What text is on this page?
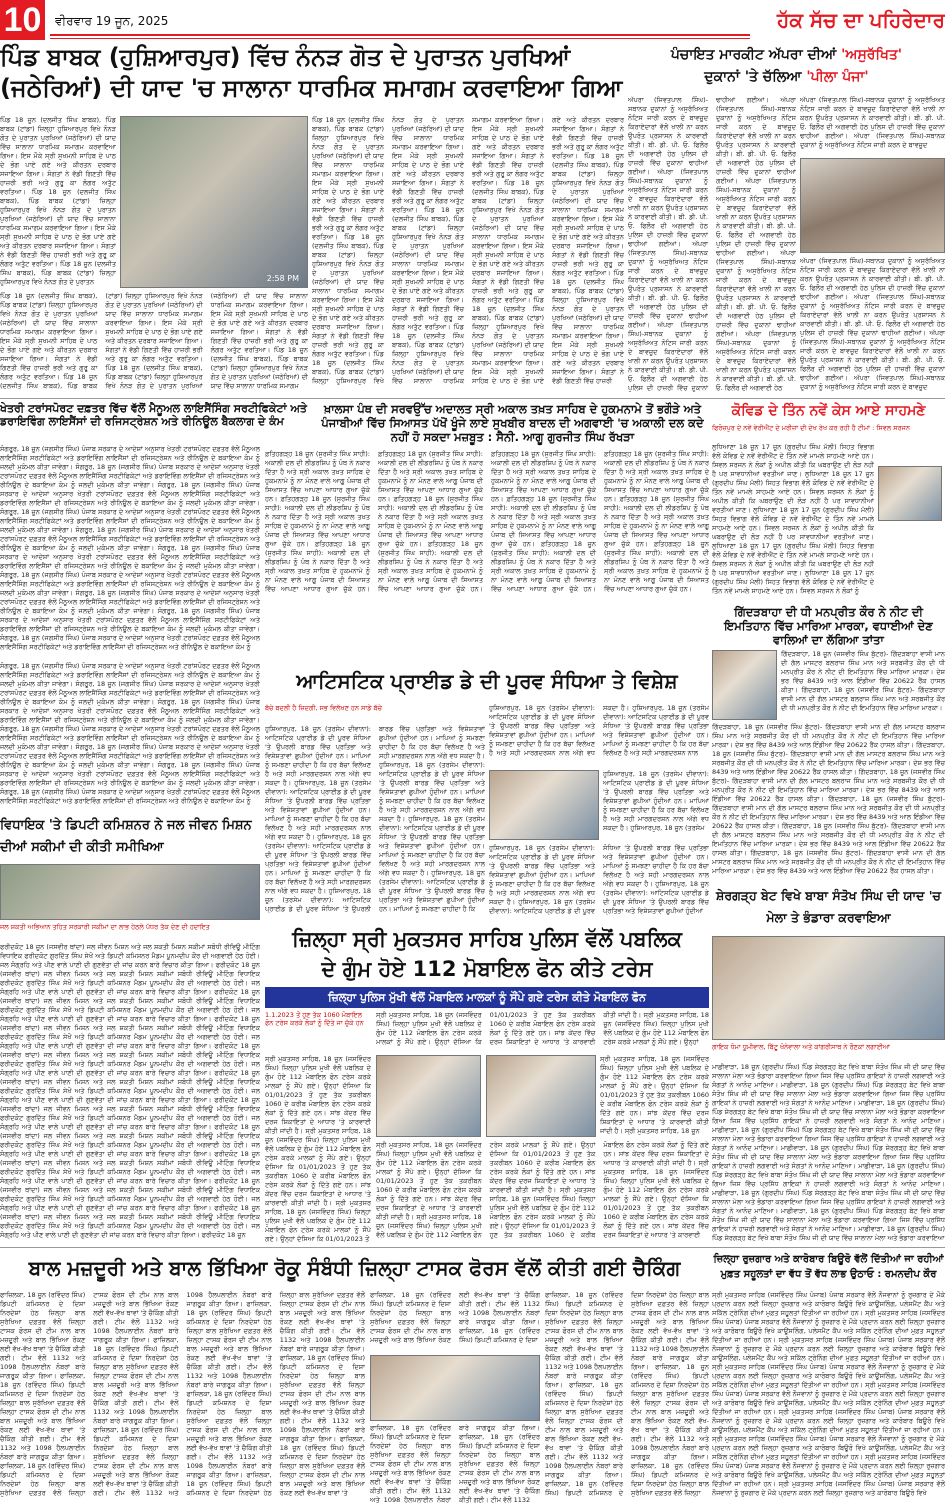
10 ਵੀਰਵਾਰ 19 ਜੂਨ, 2025	ਹੱਕ ਸੱਚ ਦਾ ਪਹਿਰੇਦਾਰ
ਪਿੰਡ ਬਾਬਕ (ਹੁਸ਼ਿਆਰਪੁਰ) ਵਿੱਚ ਨੰਨੜ ਗੋਤ ਦੇ ਪੁਰਾਤਨ ਪੁਰਖਿਆਂ (ਜਠੇਰਿਆਂ) ਦੀ ਯਾਦ 'ਚ ਸਾਲਾਨਾ ਧਾਰਮਿਕ ਸਮਾਗਮ ਕਰਵਾਇਆ ਗਿਆ
ਪਿੰਡ 18 ਜੂਨ (ਦਲਜੀਤ ਸਿੰਘ ਬਾਬਕ), ਪਿੰਡ ਬਾਬਕ (ਟਾਂਡਾ) ਜ਼ਿਲ੍ਹਾ ਹੁਸ਼ਿਆਰਪੁਰ ਵਿਖੇ ਨੰਨੜ ਗੋਤ ਦੇ ਪੁਰਾਤਨ ਪੁਰਖਿਆਂ (ਜਠੇਰਿਆਂ) ਦੀ ਯਾਦ ਵਿੱਚ ਸਾਲਾਨਾ ਧਾਰਮਿਕ ਸਮਾਗਮ ਕਰਵਾਇਆ ਗਿਆ। ਇਸ ਮੌਕੇ ਸ੍ਰੀ ਸੁਖਮਨੀ ਸਾਹਿਬ ਦੇ ਪਾਠ ਦੇ ਭੋਗ ਪਾਏ ਗਏ ਅਤੇ ਕੀਰਤਨ ਦਰਬਾਰ ਸਜਾਇਆ ਗਿਆ। ਸੰਗਤਾਂ ਨੇ ਵੱਡੀ ਗਿਣਤੀ ਵਿੱਚ ਹਾਜ਼ਰੀ ਭਰੀ ਅਤੇ ਗੁਰੂ ਕਾ ਲੰਗਰ ਅਤੁੱਟ ਵਰਤਿਆ। ਪਿੰਡ 18 ਜੂਨ (ਦਲਜੀਤ ਸਿੰਘ ਬਾਬਕ), ਪਿੰਡ ਬਾਬਕ (ਟਾਂਡਾ) ਜ਼ਿਲ੍ਹਾ ਹੁਸ਼ਿਆਰਪੁਰ ਵਿਖੇ ਨੰਨੜ ਗੋਤ ਦੇ ਪੁਰਾਤਨ ਪੁਰਖਿਆਂ (ਜਠੇਰਿਆਂ) ਦੀ ਯਾਦ ਵਿੱਚ ਸਾਲਾਨਾ ਧਾਰਮਿਕ ਸਮਾਗਮ ਕਰਵਾਇਆ ਗਿਆ। ਇਸ ਮੌਕੇ ਸ੍ਰੀ ਸੁਖਮਨੀ ਸਾਹਿਬ ਦੇ ਪਾਠ ਦੇ ਭੋਗ ਪਾਏ ਗਏ ਅਤੇ ਕੀਰਤਨ ਦਰਬਾਰ ਸਜਾਇਆ ਗਿਆ। ਸੰਗਤਾਂ ਨੇ ਵੱਡੀ ਗਿਣਤੀ ਵਿੱਚ ਹਾਜ਼ਰੀ ਭਰੀ ਅਤੇ ਗੁਰੂ ਕਾ ਲੰਗਰ ਅਤੁੱਟ ਵਰਤਿਆ। ਪਿੰਡ 18 ਜੂਨ (ਦਲਜੀਤ ਸਿੰਘ ਬਾਬਕ), ਪਿੰਡ ਬਾਬਕ (ਟਾਂਡਾ) ਜ਼ਿਲ੍ਹਾ ਹੁਸ਼ਿਆਰਪੁਰ ਵਿਖੇ ਨੰਨੜ ਗੋਤ ਦੇ ਪੁਰਾਤਨ	2:58 PM
ਪਿੰਡ 18 ਜੂਨ (ਦਲਜੀਤ ਸਿੰਘ ਬਾਬਕ), ਪਿੰਡ ਬਾਬਕ (ਟਾਂਡਾ) ਜ਼ਿਲ੍ਹਾ ਹੁਸ਼ਿਆਰਪੁਰ ਵਿਖੇ ਨੰਨੜ ਗੋਤ ਦੇ ਪੁਰਾਤਨ ਪੁਰਖਿਆਂ (ਜਠੇਰਿਆਂ) ਦੀ ਯਾਦ ਵਿੱਚ ਸਾਲਾਨਾ ਧਾਰਮਿਕ ਸਮਾਗਮ ਕਰਵਾਇਆ ਗਿਆ। ਇਸ ਮੌਕੇ ਸ੍ਰੀ ਸੁਖਮਨੀ ਸਾਹਿਬ ਦੇ ਪਾਠ ਦੇ ਭੋਗ ਪਾਏ ਗਏ ਅਤੇ ਕੀਰਤਨ ਦਰਬਾਰ ਸਜਾਇਆ ਗਿਆ। ਸੰਗਤਾਂ ਨੇ ਵੱਡੀ ਗਿਣਤੀ ਵਿੱਚ ਹਾਜ਼ਰੀ ਭਰੀ ਅਤੇ ਗੁਰੂ ਕਾ ਲੰਗਰ ਅਤੁੱਟ ਵਰਤਿਆ। ਪਿੰਡ 18 ਜੂਨ (ਦਲਜੀਤ ਸਿੰਘ ਬਾਬਕ), ਪਿੰਡ ਬਾਬਕ (ਟਾਂਡਾ) ਜ਼ਿਲ੍ਹਾ ਹੁਸ਼ਿਆਰਪੁਰ ਵਿਖੇ ਨੰਨੜ ਗੋਤ ਦੇ ਪੁਰਾਤਨ ਪੁਰਖਿਆਂ (ਜਠੇਰਿਆਂ) ਦੀ ਯਾਦ ਵਿੱਚ ਸਾਲਾਨਾ ਧਾਰਮਿਕ ਸਮਾਗਮ ਕਰਵਾਇਆ ਗਿਆ। ਇਸ ਮੌਕੇ ਸ੍ਰੀ ਸੁਖਮਨੀ ਸਾਹਿਬ ਦੇ ਪਾਠ ਦੇ ਭੋਗ ਪਾਏ ਗਏ ਅਤੇ ਕੀਰਤਨ ਦਰਬਾਰ ਸਜਾਇਆ ਗਿਆ। ਸੰਗਤਾਂ ਨੇ ਵੱਡੀ ਗਿਣਤੀ ਵਿੱਚ ਹਾਜ਼ਰੀ ਭਰੀ ਅਤੇ ਗੁਰੂ ਕਾ ਲੰਗਰ ਅਤੁੱਟ ਵਰਤਿਆ। ਪਿੰਡ 18 ਜੂਨ (ਦਲਜੀਤ ਸਿੰਘ ਬਾਬਕ), ਪਿੰਡ ਬਾਬਕ (ਟਾਂਡਾ) ਜ਼ਿਲ੍ਹਾ ਹੁਸ਼ਿਆਰਪੁਰ ਵਿਖੇ ਨੰਨੜ ਗੋਤ ਦੇ ਪੁਰਾਤਨ ਪੁਰਖਿਆਂ (ਜਠੇਰਿਆਂ) ਦੀ ਯਾਦ ਵਿੱਚ ਸਾਲਾਨਾ ਧਾਰਮਿਕ ਸਮਾਗਮ ਕਰਵਾਇਆ ਗਿਆ। ਇਸ ਮੌਕੇ ਸ੍ਰੀ ਸੁਖਮਨੀ ਸਾਹਿਬ ਦੇ ਪਾਠ ਦੇ ਭੋਗ ਪਾਏ ਗਏ ਅਤੇ ਕੀਰਤਨ ਦਰਬਾਰ ਸਜਾਇਆ ਗਿਆ। ਸੰਗਤਾਂ ਨੇ ਵੱਡੀ ਗਿਣਤੀ ਵਿੱਚ ਹਾਜ਼ਰੀ ਭਰੀ ਅਤੇ ਗੁਰੂ ਕਾ ਲੰਗਰ ਅਤੁੱਟ ਵਰਤਿਆ। ਪਿੰਡ 18 ਜੂਨ (ਦਲਜੀਤ ਸਿੰਘ ਬਾਬਕ), ਪਿੰਡ ਬਾਬਕ (ਟਾਂਡਾ) ਜ਼ਿਲ੍ਹਾ ਹੁਸ਼ਿਆਰਪੁਰ ਵਿਖੇ ਨੰਨੜ ਗੋਤ ਦੇ ਪੁਰਾਤਨ ਪੁਰਖਿਆਂ (ਜਠੇਰਿਆਂ) ਦੀ ਯਾਦ ਵਿੱਚ ਸਾਲਾਨਾ ਧਾਰਮਿਕ ਸਮਾਗਮ ਕਰਵਾਇਆ ਗਿਆ। ਇਸ ਮੌਕੇ ਸ੍ਰੀ ਸੁਖਮਨੀ ਸਾਹਿਬ ਦੇ ਪਾਠ ਦੇ ਭੋਗ ਪਾਏ ਗਏ ਅਤੇ ਕੀਰਤਨ ਦਰਬਾਰ ਸਜਾਇਆ ਗਿਆ। ਸੰਗਤਾਂ ਨੇ ਵੱਡੀ ਗਿਣਤੀ ਵਿੱਚ ਹਾਜ਼ਰੀ ਭਰੀ ਅਤੇ ਗੁਰੂ ਕਾ ਲੰਗਰ ਅਤੁੱਟ ਵਰਤਿਆ। ਪਿੰਡ 18 ਜੂਨ (ਦਲਜੀਤ ਸਿੰਘ ਬਾਬਕ), ਪਿੰਡ ਬਾਬਕ (ਟਾਂਡਾ) ਜ਼ਿਲ੍ਹਾ ਹੁਸ਼ਿਆਰਪੁਰ ਵਿਖੇ ਨੰਨੜ ਗੋਤ ਦੇ ਪੁਰਾਤਨ ਪੁਰਖਿਆਂ (ਜਠੇਰਿਆਂ) ਦੀ ਯਾਦ ਵਿੱਚ ਸਾਲਾਨਾ ਧਾਰਮਿਕ ਸਮਾਗਮ ਕਰਵਾਇਆ ਗਿਆ। ਇਸ ਮੌਕੇ ਸ੍ਰੀ ਸੁਖਮਨੀ ਸਾਹਿਬ ਦੇ ਪਾਠ ਦੇ ਭੋਗ ਪਾਏ ਗਏ ਅਤੇ ਕੀਰਤਨ ਦਰਬਾਰ ਸਜਾਇਆ ਗਿਆ। ਸੰਗਤਾਂ ਨੇ ਵੱਡੀ ਗਿਣਤੀ ਵਿੱਚ ਹਾਜ਼ਰੀ ਭਰੀ ਅਤੇ ਗੁਰੂ ਕਾ ਲੰਗਰ ਅਤੁੱਟ ਵਰਤਿਆ। ਪਿੰਡ 18 ਜੂਨ (ਦਲਜੀਤ ਸਿੰਘ ਬਾਬਕ), ਪਿੰਡ ਬਾਬਕ (ਟਾਂਡਾ) ਜ਼ਿਲ੍ਹਾ ਹੁਸ਼ਿਆਰਪੁਰ ਵਿਖੇ ਨੰਨੜ ਗੋਤ ਦੇ ਪੁਰਾਤਨ ਪੁਰਖਿਆਂ (ਜਠੇਰਿਆਂ) ਦੀ ਯਾਦ ਵਿੱਚ ਸਾਲਾਨਾ ਧਾਰਮਿਕ ਸਮਾਗਮ ਕਰਵਾਇਆ ਗਿਆ। ਇਸ ਮੌਕੇ ਸ੍ਰੀ ਸੁਖਮਨੀ ਸਾਹਿਬ ਦੇ ਪਾਠ ਦੇ ਭੋਗ ਪਾਏ ਗਏ ਅਤੇ ਕੀਰਤਨ ਦਰਬਾਰ ਸਜਾਇਆ ਗਿਆ। ਸੰਗਤਾਂ ਨੇ ਵੱਡੀ ਗਿਣਤੀ ਵਿੱਚ ਹਾਜ਼ਰੀ ਭਰੀ ਅਤੇ ਗੁਰੂ ਕਾ ਲੰਗਰ ਅਤੁੱਟ ਵਰਤਿਆ। ਪਿੰਡ 18 ਜੂਨ (ਦਲਜੀਤ ਸਿੰਘ ਬਾਬਕ), ਪਿੰਡ ਬਾਬਕ (ਟਾਂਡਾ) ਜ਼ਿਲ੍ਹਾ ਹੁਸ਼ਿਆਰਪੁਰ ਵਿਖੇ ਨੰਨੜ ਗੋਤ ਦੇ ਪੁਰਾਤਨ ਪੁਰਖਿਆਂ (ਜਠੇਰਿਆਂ) ਦੀ ਯਾਦ ਵਿੱਚ ਸਾਲਾਨਾ ਧਾਰਮਿਕ ਸਮਾਗਮ ਕਰਵਾਇਆ ਗਿਆ। ਇਸ ਮੌਕੇ ਸ੍ਰੀ ਸੁਖਮਨੀ ਸਾਹਿਬ ਦੇ ਪਾਠ ਦੇ ਭੋਗ ਪਾਏ ਗਏ ਅਤੇ ਕੀਰਤਨ ਦਰਬਾਰ ਸਜਾਇਆ ਗਿਆ। ਸੰਗਤਾਂ ਨੇ ਵੱਡੀ ਗਿਣਤੀ ਵਿੱਚ ਹਾਜ਼ਰੀ ਭਰੀ ਅਤੇ ਗੁਰੂ ਕਾ ਲੰਗਰ ਅਤੁੱਟ ਵਰਤਿਆ। ਪਿੰਡ 18 ਜੂਨ (ਦਲਜੀਤ ਸਿੰਘ ਬਾਬਕ), ਪਿੰਡ ਬਾਬਕ (ਟਾਂਡਾ) ਜ਼ਿਲ੍ਹਾ ਹੁਸ਼ਿਆਰਪੁਰ ਵਿਖੇ ਨੰਨੜ ਗੋਤ ਦੇ ਪੁਰਾਤਨ ਪੁਰਖਿਆਂ (ਜਠੇਰਿਆਂ) ਦੀ ਯਾਦ ਵਿੱਚ ਸਾਲਾਨਾ ਧਾਰਮਿਕ ਸਮਾਗਮ ਕਰਵਾਇਆ ਗਿਆ। ਇਸ ਮੌਕੇ ਸ੍ਰੀ ਸੁਖਮਨੀ ਸਾਹਿਬ ਦੇ ਪਾਠ ਦੇ ਭੋਗ ਪਾਏ ਗਏ ਅਤੇ ਕੀਰਤਨ ਦਰਬਾਰ ਸਜਾਇਆ ਗਿਆ। ਸੰਗਤਾਂ ਨੇ ਵੱਡੀ ਗਿਣਤੀ ਵਿੱਚ ਹਾਜ਼ਰੀ ਭਰੀ ਅਤੇ ਗੁਰੂ ਕਾ ਲੰਗਰ ਅਤੁੱਟ ਵਰਤਿਆ। ਪਿੰਡ 18 ਜੂਨ (ਦਲਜੀਤ ਸਿੰਘ ਬਾਬਕ), ਪਿੰਡ ਬਾਬਕ (ਟਾਂਡਾ) ਜ਼ਿਲ੍ਹਾ ਹੁਸ਼ਿਆਰਪੁਰ ਵਿਖੇ ਨੰਨੜ ਗੋਤ ਦੇ ਪੁਰਾਤਨ ਪੁਰਖਿਆਂ (ਜਠੇਰਿਆਂ) ਦੀ ਯਾਦ ਵਿੱਚ ਸਾਲਾਨਾ ਧਾਰਮਿਕ ਸਮਾਗਮ ਕਰਵਾਇਆ ਗਿਆ। ਇਸ ਮੌਕੇ ਸ੍ਰੀ ਸੁਖਮਨੀ ਸਾਹਿਬ ਦੇ ਪਾਠ ਦੇ ਭੋਗ ਪਾਏ ਗਏ ਅਤੇ ਕੀਰਤਨ ਦਰਬਾਰ ਸਜਾਇਆ ਗਿਆ। ਸੰਗਤਾਂ ਨੇ ਵੱਡੀ ਗਿਣਤੀ ਵਿੱਚ ਹਾਜ਼ਰੀ
ਪਿੰਡ 18 ਜੂਨ (ਦਲਜੀਤ ਸਿੰਘ ਬਾਬਕ), ਪਿੰਡ ਬਾਬਕ (ਟਾਂਡਾ) ਜ਼ਿਲ੍ਹਾ ਹੁਸ਼ਿਆਰਪੁਰ ਵਿਖੇ ਨੰਨੜ ਗੋਤ ਦੇ ਪੁਰਾਤਨ ਪੁਰਖਿਆਂ (ਜਠੇਰਿਆਂ) ਦੀ ਯਾਦ ਵਿੱਚ ਸਾਲਾਨਾ ਧਾਰਮਿਕ ਸਮਾਗਮ ਕਰਵਾਇਆ ਗਿਆ। ਇਸ ਮੌਕੇ ਸ੍ਰੀ ਸੁਖਮਨੀ ਸਾਹਿਬ ਦੇ ਪਾਠ ਦੇ ਭੋਗ ਪਾਏ ਗਏ ਅਤੇ ਕੀਰਤਨ ਦਰਬਾਰ ਸਜਾਇਆ ਗਿਆ। ਸੰਗਤਾਂ ਨੇ ਵੱਡੀ ਗਿਣਤੀ ਵਿੱਚ ਹਾਜ਼ਰੀ ਭਰੀ ਅਤੇ ਗੁਰੂ ਕਾ ਲੰਗਰ ਅਤੁੱਟ ਵਰਤਿਆ। ਪਿੰਡ 18 ਜੂਨ (ਦਲਜੀਤ ਸਿੰਘ ਬਾਬਕ), ਪਿੰਡ ਬਾਬਕ (ਟਾਂਡਾ) ਜ਼ਿਲ੍ਹਾ ਹੁਸ਼ਿਆਰਪੁਰ ਵਿਖੇ ਨੰਨੜ ਗੋਤ ਦੇ ਪੁਰਾਤਨ ਪੁਰਖਿਆਂ (ਜਠੇਰਿਆਂ) ਦੀ ਯਾਦ ਵਿੱਚ ਸਾਲਾਨਾ ਧਾਰਮਿਕ ਸਮਾਗਮ ਕਰਵਾਇਆ ਗਿਆ। ਇਸ ਮੌਕੇ ਸ੍ਰੀ ਸੁਖਮਨੀ ਸਾਹਿਬ ਦੇ ਪਾਠ ਦੇ ਭੋਗ ਪਾਏ ਗਏ ਅਤੇ ਕੀਰਤਨ ਦਰਬਾਰ ਸਜਾਇਆ ਗਿਆ। ਸੰਗਤਾਂ ਨੇ ਵੱਡੀ ਗਿਣਤੀ ਵਿੱਚ ਹਾਜ਼ਰੀ ਭਰੀ ਅਤੇ ਗੁਰੂ ਕਾ ਲੰਗਰ ਅਤੁੱਟ ਵਰਤਿਆ। ਪਿੰਡ 18 ਜੂਨ (ਦਲਜੀਤ ਸਿੰਘ ਬਾਬਕ), ਪਿੰਡ ਬਾਬਕ (ਟਾਂਡਾ) ਜ਼ਿਲ੍ਹਾ ਹੁਸ਼ਿਆਰਪੁਰ ਵਿਖੇ ਨੰਨੜ ਗੋਤ ਦੇ ਪੁਰਾਤਨ ਪੁਰਖਿਆਂ (ਜਠੇਰਿਆਂ) ਦੀ ਯਾਦ ਵਿੱਚ ਸਾਲਾਨਾ ਧਾਰਮਿਕ ਸਮਾਗਮ ਕਰਵਾਇਆ ਗਿਆ। ਇਸ ਮੌਕੇ ਸ੍ਰੀ ਸੁਖਮਨੀ ਸਾਹਿਬ ਦੇ ਪਾਠ ਦੇ ਭੋਗ ਪਾਏ ਗਏ ਅਤੇ ਕੀਰਤਨ ਦਰਬਾਰ ਸਜਾਇਆ ਗਿਆ। ਸੰਗਤਾਂ ਨੇ ਵੱਡੀ ਗਿਣਤੀ ਵਿੱਚ ਹਾਜ਼ਰੀ ਭਰੀ ਅਤੇ ਗੁਰੂ ਕਾ ਲੰਗਰ ਅਤੁੱਟ ਵਰਤਿਆ। ਪਿੰਡ 18 ਜੂਨ (ਦਲਜੀਤ ਸਿੰਘ ਬਾਬਕ), ਪਿੰਡ ਬਾਬਕ (ਟਾਂਡਾ) ਜ਼ਿਲ੍ਹਾ ਹੁਸ਼ਿਆਰਪੁਰ ਵਿਖੇ ਨੰਨੜ ਗੋਤ ਦੇ ਪੁਰਾਤਨ ਪੁਰਖਿਆਂ (ਜਠੇਰਿਆਂ) ਦੀ ਯਾਦ ਵਿੱਚ ਸਾਲਾਨਾ ਧਾਰਮਿਕ ਸਮਾਗਮ
ਪੰਚਾਇਤ ਮਾਰਕੀਟ ਅੱਪਰਾ ਦੀਆਂ 'ਅਸੁਰੱਖਿਤ'
ਦੁਕਾਨਾਂ 'ਤੇ ਚੱਲਿਆ 'ਪੀਲਾ ਪੰਜਾ'
ਅੱਪਰਾ (ਜਿਵਤਪਾਲ ਸਿੰਘ)-ਸਥਾਨਕ ਦੁਕਾਨਾਂ ਨੂੰ ਅਸੁਰੱਖਿਅਤ ਨੋਟਿਸ ਜਾਰੀ ਕਰਨ ਦੇ ਬਾਵਜੂਦ ਕਿਰਾਏਦਾਰਾਂ ਵੱਲੋਂ ਖਾਲੀ ਨਾ ਕਰਨ ਉਪਰੰਤ ਪ੍ਰਸ਼ਾਸਨ ਨੇ ਕਾਰਵਾਈ ਕੀਤੀ। ਬੀ. ਡੀ. ਪੀ. ਓ. ਫਿਲੌਰ ਦੀ ਅਗਵਾਈ ਹੇਠ ਪੁਲਿਸ ਦੀ ਹਾਜ਼ਰੀ ਵਿੱਚ ਦੁਕਾਨਾਂ ਢਾਹੀਆਂ ਗਈਆਂ। ਅੱਪਰਾ (ਜਿਵਤਪਾਲ ਸਿੰਘ)-ਸਥਾਨਕ ਦੁਕਾਨਾਂ ਨੂੰ ਅਸੁਰੱਖਿਅਤ ਨੋਟਿਸ ਜਾਰੀ ਕਰਨ ਦੇ ਬਾਵਜੂਦ ਕਿਰਾਏਦਾਰਾਂ ਵੱਲੋਂ ਖਾਲੀ ਨਾ ਕਰਨ ਉਪਰੰਤ ਪ੍ਰਸ਼ਾਸਨ ਨੇ ਕਾਰਵਾਈ ਕੀਤੀ। ਬੀ. ਡੀ. ਪੀ. ਓ. ਫਿਲੌਰ ਦੀ ਅਗਵਾਈ ਹੇਠ ਪੁਲਿਸ ਦੀ ਹਾਜ਼ਰੀ ਵਿੱਚ ਦੁਕਾਨਾਂ ਢਾਹੀਆਂ ਗਈਆਂ। ਅੱਪਰਾ (ਜਿਵਤਪਾਲ ਸਿੰਘ)-ਸਥਾਨਕ ਦੁਕਾਨਾਂ ਨੂੰ ਅਸੁਰੱਖਿਅਤ ਨੋਟਿਸ ਜਾਰੀ ਕਰਨ ਦੇ ਬਾਵਜੂਦ ਕਿਰਾਏਦਾਰਾਂ ਵੱਲੋਂ ਖਾਲੀ ਨਾ ਕਰਨ ਉਪਰੰਤ ਪ੍ਰਸ਼ਾਸਨ ਨੇ ਕਾਰਵਾਈ ਕੀਤੀ। ਬੀ. ਡੀ. ਪੀ. ਓ. ਫਿਲੌਰ ਦੀ ਅਗਵਾਈ ਹੇਠ ਪੁਲਿਸ ਦੀ ਹਾਜ਼ਰੀ ਵਿੱਚ ਦੁਕਾਨਾਂ ਢਾਹੀਆਂ ਗਈਆਂ। ਅੱਪਰਾ (ਜਿਵਤਪਾਲ ਸਿੰਘ)-ਸਥਾਨਕ ਦੁਕਾਨਾਂ ਨੂੰ ਅਸੁਰੱਖਿਅਤ ਨੋਟਿਸ ਜਾਰੀ ਕਰਨ ਦੇ ਬਾਵਜੂਦ ਕਿਰਾਏਦਾਰਾਂ ਵੱਲੋਂ ਖਾਲੀ ਨਾ ਕਰਨ ਉਪਰੰਤ ਪ੍ਰਸ਼ਾਸਨ ਨੇ ਕਾਰਵਾਈ ਕੀਤੀ। ਬੀ. ਡੀ. ਪੀ. ਓ. ਫਿਲੌਰ ਦੀ ਅਗਵਾਈ ਹੇਠ ਪੁਲਿਸ ਦੀ ਹਾਜ਼ਰੀ ਵਿੱਚ ਦੁਕਾਨਾਂ ਢਾਹੀਆਂ ਗਈਆਂ। ਅੱਪਰਾ (ਜਿਵਤਪਾਲ ਸਿੰਘ)-ਸਥਾਨਕ ਦੁਕਾਨਾਂ ਨੂੰ ਅਸੁਰੱਖਿਅਤ ਨੋਟਿਸ ਜਾਰੀ ਕਰਨ ਦੇ ਬਾਵਜੂਦ ਕਿਰਾਏਦਾਰਾਂ ਵੱਲੋਂ ਖਾਲੀ ਨਾ ਕਰਨ ਉਪਰੰਤ ਪ੍ਰਸ਼ਾਸਨ ਨੇ ਕਾਰਵਾਈ ਕੀਤੀ। ਬੀ. ਡੀ. ਪੀ. ਓ. ਫਿਲੌਰ ਦੀ ਅਗਵਾਈ ਹੇਠ ਪੁਲਿਸ ਦੀ ਹਾਜ਼ਰੀ ਵਿੱਚ ਦੁਕਾਨਾਂ ਢਾਹੀਆਂ ਗਈਆਂ। ਅੱਪਰਾ (ਜਿਵਤਪਾਲ ਸਿੰਘ)-ਸਥਾਨਕ ਦੁਕਾਨਾਂ ਨੂੰ ਅਸੁਰੱਖਿਅਤ ਨੋਟਿਸ ਜਾਰੀ ਕਰਨ ਦੇ ਬਾਵਜੂਦ ਕਿਰਾਏਦਾਰਾਂ ਵੱਲੋਂ ਖਾਲੀ ਨਾ ਕਰਨ ਉਪਰੰਤ ਪ੍ਰਸ਼ਾਸਨ ਨੇ ਕਾਰਵਾਈ ਕੀਤੀ। ਬੀ. ਡੀ. ਪੀ. ਓ. ਫਿਲੌਰ ਦੀ ਅਗਵਾਈ ਹੇਠ ਪੁਲਿਸ ਦੀ ਹਾਜ਼ਰੀ ਵਿੱਚ ਦੁਕਾਨਾਂ ਢਾਹੀਆਂ ਗਈਆਂ। ਅੱਪਰਾ (ਜਿਵਤਪਾਲ ਸਿੰਘ)-ਸਥਾਨਕ ਦੁਕਾਨਾਂ ਨੂੰ ਅਸੁਰੱਖਿਅਤ ਨੋਟਿਸ ਜਾਰੀ ਕਰਨ ਦੇ ਬਾਵਜੂਦ ਕਿਰਾਏਦਾਰਾਂ ਵੱਲੋਂ ਖਾਲੀ ਨਾ ਕਰਨ ਉਪਰੰਤ ਪ੍ਰਸ਼ਾਸਨ ਨੇ ਕਾਰਵਾਈ ਕੀਤੀ। ਬੀ. ਡੀ. ਪੀ. ਓ. ਫਿਲੌਰ ਦੀ ਅਗਵਾਈ ਹੇਠ ਪੁਲਿਸ ਦੀ ਹਾਜ਼ਰੀ ਵਿੱਚ ਦੁਕਾਨਾਂ ਢਾਹੀਆਂ ਗਈਆਂ। ਅੱਪਰਾ (ਜਿਵਤਪਾਲ ਸਿੰਘ)-ਸਥਾਨਕ ਦੁਕਾਨਾਂ ਨੂੰ ਅਸੁਰੱਖਿਅਤ ਨੋਟਿਸ ਜਾਰੀ ਕਰਨ ਦੇ ਬਾਵਜੂਦ ਕਿਰਾਏਦਾਰਾਂ ਵੱਲੋਂ ਖਾਲੀ ਨਾ ਕਰਨ ਉਪਰੰਤ ਪ੍ਰਸ਼ਾਸਨ ਨੇ ਕਾਰਵਾਈ ਕੀਤੀ। ਬੀ. ਡੀ. ਪੀ. ਓ. ਫਿਲੌਰ ਦੀ ਅਗਵਾਈ ਹੇਠ
ਅੱਪਰਾ (ਜਿਵਤਪਾਲ ਸਿੰਘ)-ਸਥਾਨਕ ਦੁਕਾਨਾਂ ਨੂੰ ਅਸੁਰੱਖਿਅਤ ਨੋਟਿਸ ਜਾਰੀ ਕਰਨ ਦੇ ਬਾਵਜੂਦ ਕਿਰਾਏਦਾਰਾਂ ਵੱਲੋਂ ਖਾਲੀ ਨਾ ਕਰਨ ਉਪਰੰਤ ਪ੍ਰਸ਼ਾਸਨ ਨੇ ਕਾਰਵਾਈ ਕੀਤੀ। ਬੀ. ਡੀ. ਪੀ. ਓ. ਫਿਲੌਰ ਦੀ ਅਗਵਾਈ ਹੇਠ ਪੁਲਿਸ ਦੀ ਹਾਜ਼ਰੀ ਵਿੱਚ ਦੁਕਾਨਾਂ ਢਾਹੀਆਂ ਗਈਆਂ। ਅੱਪਰਾ (ਜਿਵਤਪਾਲ ਸਿੰਘ)-ਸਥਾਨਕ ਦੁਕਾਨਾਂ ਨੂੰ ਅਸੁਰੱਖਿਅਤ ਨੋਟਿਸ ਜਾਰੀ ਕਰਨ ਦੇ ਬਾਵਜੂਦ
ਅੱਪਰਾ (ਜਿਵਤਪਾਲ ਸਿੰਘ)-ਸਥਾਨਕ ਦੁਕਾਨਾਂ ਨੂੰ ਅਸੁਰੱਖਿਅਤ ਨੋਟਿਸ ਜਾਰੀ ਕਰਨ ਦੇ ਬਾਵਜੂਦ ਕਿਰਾਏਦਾਰਾਂ ਵੱਲੋਂ ਖਾਲੀ ਨਾ ਕਰਨ ਉਪਰੰਤ ਪ੍ਰਸ਼ਾਸਨ ਨੇ ਕਾਰਵਾਈ ਕੀਤੀ। ਬੀ. ਡੀ. ਪੀ. ਓ. ਫਿਲੌਰ ਦੀ ਅਗਵਾਈ ਹੇਠ ਪੁਲਿਸ ਦੀ ਹਾਜ਼ਰੀ ਵਿੱਚ ਦੁਕਾਨਾਂ ਢਾਹੀਆਂ ਗਈਆਂ। ਅੱਪਰਾ (ਜਿਵਤਪਾਲ ਸਿੰਘ)-ਸਥਾਨਕ ਦੁਕਾਨਾਂ ਨੂੰ ਅਸੁਰੱਖਿਅਤ ਨੋਟਿਸ ਜਾਰੀ ਕਰਨ ਦੇ ਬਾਵਜੂਦ ਕਿਰਾਏਦਾਰਾਂ ਵੱਲੋਂ ਖਾਲੀ ਨਾ ਕਰਨ ਉਪਰੰਤ ਪ੍ਰਸ਼ਾਸਨ ਨੇ ਕਾਰਵਾਈ ਕੀਤੀ। ਬੀ. ਡੀ. ਪੀ. ਓ. ਫਿਲੌਰ ਦੀ ਅਗਵਾਈ ਹੇਠ ਪੁਲਿਸ ਦੀ ਹਾਜ਼ਰੀ ਵਿੱਚ ਦੁਕਾਨਾਂ ਢਾਹੀਆਂ ਗਈਆਂ। ਅੱਪਰਾ (ਜਿਵਤਪਾਲ ਸਿੰਘ)-ਸਥਾਨਕ ਦੁਕਾਨਾਂ ਨੂੰ ਅਸੁਰੱਖਿਅਤ ਨੋਟਿਸ ਜਾਰੀ ਕਰਨ ਦੇ ਬਾਵਜੂਦ ਕਿਰਾਏਦਾਰਾਂ ਵੱਲੋਂ ਖਾਲੀ ਨਾ ਕਰਨ ਉਪਰੰਤ ਪ੍ਰਸ਼ਾਸਨ ਨੇ ਕਾਰਵਾਈ ਕੀਤੀ। ਬੀ. ਡੀ. ਪੀ. ਓ. ਫਿਲੌਰ ਦੀ ਅਗਵਾਈ ਹੇਠ ਪੁਲਿਸ ਦੀ ਹਾਜ਼ਰੀ ਵਿੱਚ ਦੁਕਾਨਾਂ ਢਾਹੀਆਂ ਗਈਆਂ। ਅੱਪਰਾ (ਜਿਵਤਪਾਲ ਸਿੰਘ)-ਸਥਾਨਕ ਦੁਕਾਨਾਂ ਨੂੰ ਅਸੁਰੱਖਿਅਤ ਨੋਟਿਸ ਜਾਰੀ ਕਰਨ ਦੇ ਬਾਵਜੂਦ
ਖੇਤਰੀ ਟਰਾਂਸਪੋਰਟ ਦਫ਼ਤਰ ਵਿੱਚ ਵੱਲੋਂ ਮੈਨੂਅਲ ਲਾਇਸੈਂਸਿੰਗ ਸਰਟੀਫਿਕੇਟਾਂ ਅਤੇ ਡਰਾਇਵਿੰਗ ਲਾਇਸੈਂਸਾਂ ਦੀ ਰਜਿਸਟ੍ਰੇਸ਼ਨ ਅਤੇ ਰੀਨਿਊਲ ਬੈਕਲਾਗ ਦੇ ਕੰਮ
ਸੰਗਰੂਰ, 18 ਜੂਨ (ਜਗਸੀਰ ਸਿੰਘ) ਪੰਜਾਬ ਸਰਕਾਰ ਦੇ ਆਦੇਸ਼ਾਂ ਅਨੁਸਾਰ ਖੇਤਰੀ ਟਰਾਂਸਪੋਰਟ ਦਫ਼ਤਰ ਵੱਲੋਂ ਮੈਨੂਅਲ ਲਾਇਸੈਂਸਿੰਗ ਸਰਟੀਫਿਕੇਟਾਂ ਅਤੇ ਡਰਾਇਵਿੰਗ ਲਾਇਸੈਂਸਾਂ ਦੀ ਰਜਿਸਟ੍ਰੇਸ਼ਨ ਅਤੇ ਰੀਨਿਊਲ ਦੇ ਬਕਾਇਆ ਕੰਮ ਨੂੰ ਜਲਦੀ ਮੁਕੰਮਲ ਕੀਤਾ ਜਾਵੇਗਾ। ਸੰਗਰੂਰ, 18 ਜੂਨ (ਜਗਸੀਰ ਸਿੰਘ) ਪੰਜਾਬ ਸਰਕਾਰ ਦੇ ਆਦੇਸ਼ਾਂ ਅਨੁਸਾਰ ਖੇਤਰੀ ਟਰਾਂਸਪੋਰਟ ਦਫ਼ਤਰ ਵੱਲੋਂ ਮੈਨੂਅਲ ਲਾਇਸੈਂਸਿੰਗ ਸਰਟੀਫਿਕੇਟਾਂ ਅਤੇ ਡਰਾਇਵਿੰਗ ਲਾਇਸੈਂਸਾਂ ਦੀ ਰਜਿਸਟ੍ਰੇਸ਼ਨ ਅਤੇ ਰੀਨਿਊਲ ਦੇ ਬਕਾਇਆ ਕੰਮ ਨੂੰ ਜਲਦੀ ਮੁਕੰਮਲ ਕੀਤਾ ਜਾਵੇਗਾ। ਸੰਗਰੂਰ, 18 ਜੂਨ (ਜਗਸੀਰ ਸਿੰਘ) ਪੰਜਾਬ ਸਰਕਾਰ ਦੇ ਆਦੇਸ਼ਾਂ ਅਨੁਸਾਰ ਖੇਤਰੀ ਟਰਾਂਸਪੋਰਟ ਦਫ਼ਤਰ ਵੱਲੋਂ ਮੈਨੂਅਲ ਲਾਇਸੈਂਸਿੰਗ ਸਰਟੀਫਿਕੇਟਾਂ ਅਤੇ ਡਰਾਇਵਿੰਗ ਲਾਇਸੈਂਸਾਂ ਦੀ ਰਜਿਸਟ੍ਰੇਸ਼ਨ ਅਤੇ ਰੀਨਿਊਲ ਦੇ ਬਕਾਇਆ ਕੰਮ ਨੂੰ ਜਲਦੀ ਮੁਕੰਮਲ ਕੀਤਾ ਜਾਵੇਗਾ। ਸੰਗਰੂਰ, 18 ਜੂਨ (ਜਗਸੀਰ ਸਿੰਘ) ਪੰਜਾਬ ਸਰਕਾਰ ਦੇ ਆਦੇਸ਼ਾਂ ਅਨੁਸਾਰ ਖੇਤਰੀ ਟਰਾਂਸਪੋਰਟ ਦਫ਼ਤਰ ਵੱਲੋਂ ਮੈਨੂਅਲ ਲਾਇਸੈਂਸਿੰਗ ਸਰਟੀਫਿਕੇਟਾਂ ਅਤੇ ਡਰਾਇਵਿੰਗ ਲਾਇਸੈਂਸਾਂ ਦੀ ਰਜਿਸਟ੍ਰੇਸ਼ਨ ਅਤੇ ਰੀਨਿਊਲ ਦੇ ਬਕਾਇਆ ਕੰਮ ਨੂੰ ਜਲਦੀ ਮੁਕੰਮਲ ਕੀਤਾ ਜਾਵੇਗਾ। ਸੰਗਰੂਰ, 18 ਜੂਨ (ਜਗਸੀਰ ਸਿੰਘ) ਪੰਜਾਬ ਸਰਕਾਰ ਦੇ ਆਦੇਸ਼ਾਂ ਅਨੁਸਾਰ ਖੇਤਰੀ ਟਰਾਂਸਪੋਰਟ ਦਫ਼ਤਰ ਵੱਲੋਂ ਮੈਨੂਅਲ ਲਾਇਸੈਂਸਿੰਗ ਸਰਟੀਫਿਕੇਟਾਂ ਅਤੇ ਡਰਾਇਵਿੰਗ ਲਾਇਸੈਂਸਾਂ ਦੀ ਰਜਿਸਟ੍ਰੇਸ਼ਨ ਅਤੇ ਰੀਨਿਊਲ ਦੇ ਬਕਾਇਆ ਕੰਮ ਨੂੰ ਜਲਦੀ ਮੁਕੰਮਲ ਕੀਤਾ ਜਾਵੇਗਾ। ਸੰਗਰੂਰ, 18 ਜੂਨ (ਜਗਸੀਰ ਸਿੰਘ) ਪੰਜਾਬ ਸਰਕਾਰ ਦੇ ਆਦੇਸ਼ਾਂ ਅਨੁਸਾਰ ਖੇਤਰੀ ਟਰਾਂਸਪੋਰਟ ਦਫ਼ਤਰ ਵੱਲੋਂ ਮੈਨੂਅਲ ਲਾਇਸੈਂਸਿੰਗ ਸਰਟੀਫਿਕੇਟਾਂ ਅਤੇ ਡਰਾਇਵਿੰਗ ਲਾਇਸੈਂਸਾਂ ਦੀ ਰਜਿਸਟ੍ਰੇਸ਼ਨ ਅਤੇ ਰੀਨਿਊਲ ਦੇ ਬਕਾਇਆ ਕੰਮ ਨੂੰ ਜਲਦੀ ਮੁਕੰਮਲ ਕੀਤਾ ਜਾਵੇਗਾ। ਸੰਗਰੂਰ, 18 ਜੂਨ (ਜਗਸੀਰ ਸਿੰਘ) ਪੰਜਾਬ ਸਰਕਾਰ ਦੇ ਆਦੇਸ਼ਾਂ ਅਨੁਸਾਰ ਖੇਤਰੀ ਟਰਾਂਸਪੋਰਟ ਦਫ਼ਤਰ ਵੱਲੋਂ ਮੈਨੂਅਲ ਲਾਇਸੈਂਸਿੰਗ ਸਰਟੀਫਿਕੇਟਾਂ ਅਤੇ ਡਰਾਇਵਿੰਗ ਲਾਇਸੈਂਸਾਂ ਦੀ ਰਜਿਸਟ੍ਰੇਸ਼ਨ ਅਤੇ ਰੀਨਿਊਲ ਦੇ ਬਕਾਇਆ ਕੰਮ ਨੂੰ ਜਲਦੀ ਮੁਕੰਮਲ ਕੀਤਾ ਜਾਵੇਗਾ। ਸੰਗਰੂਰ, 18 ਜੂਨ (ਜਗਸੀਰ ਸਿੰਘ) ਪੰਜਾਬ ਸਰਕਾਰ ਦੇ ਆਦੇਸ਼ਾਂ ਅਨੁਸਾਰ ਖੇਤਰੀ ਟਰਾਂਸਪੋਰਟ ਦਫ਼ਤਰ ਵੱਲੋਂ ਮੈਨੂਅਲ ਲਾਇਸੈਂਸਿੰਗ ਸਰਟੀਫਿਕੇਟਾਂ ਅਤੇ ਡਰਾਇਵਿੰਗ ਲਾਇਸੈਂਸਾਂ ਦੀ ਰਜਿਸਟ੍ਰੇਸ਼ਨ ਅਤੇ ਰੀਨਿਊਲ ਦੇ ਬਕਾਇਆ ਕੰਮ ਨੂੰ ਜਲਦੀ ਮੁਕੰਮਲ ਕੀਤਾ ਜਾਵੇਗਾ। ਸੰਗਰੂਰ, 18 ਜੂਨ (ਜਗਸੀਰ ਸਿੰਘ) ਪੰਜਾਬ ਸਰਕਾਰ ਦੇ ਆਦੇਸ਼ਾਂ ਅਨੁਸਾਰ ਖੇਤਰੀ ਟਰਾਂਸਪੋਰਟ ਦਫ਼ਤਰ ਵੱਲੋਂ ਮੈਨੂਅਲ ਲਾਇਸੈਂਸਿੰਗ ਸਰਟੀਫਿਕੇਟਾਂ ਅਤੇ ਡਰਾਇਵਿੰਗ ਲਾਇਸੈਂਸਾਂ ਦੀ ਰਜਿਸਟ੍ਰੇਸ਼ਨ ਅਤੇ ਰੀਨਿਊਲ ਦੇ ਬਕਾਇਆ ਕੰਮ ਨੂੰ ਜਲਦੀ ਮੁਕੰਮਲ ਕੀਤਾ ਜਾਵੇਗਾ। ਸੰਗਰੂਰ, 18 ਜੂਨ (ਜਗਸੀਰ ਸਿੰਘ) ਪੰਜਾਬ ਸਰਕਾਰ ਦੇ ਆਦੇਸ਼ਾਂ ਅਨੁਸਾਰ ਖੇਤਰੀ ਟਰਾਂਸਪੋਰਟ ਦਫ਼ਤਰ ਵੱਲੋਂ ਮੈਨੂਅਲ ਲਾਇਸੈਂਸਿੰਗ ਸਰਟੀਫਿਕੇਟਾਂ ਅਤੇ ਡਰਾਇਵਿੰਗ ਲਾਇਸੈਂਸਾਂ ਦੀ ਰਜਿਸਟ੍ਰੇਸ਼ਨ ਅਤੇ ਰੀਨਿਊਲ ਦੇ ਬਕਾਇਆ ਕੰਮ ਨੂੰ
ਖ਼ਾਲਸਾ ਪੰਥ ਦੀ ਸਰਵਉੱਚ ਅਦਾਲਤ ਸ੍ਰੀ ਅਕਾਲ ਤਖ਼ਤ ਸਾਹਿਬ ਦੇ ਹੁਕਮਨਾਮੇ ਤੋਂ ਭਗੌੜੇ ਅਤੇ ਪੰਜਾਬੀਆਂ ਵਿੱਚ ਸਿਆਸਤ ਪੱਖੋਂ ਖੂੰਜੇ ਲਾਏ ਸੁਖਬੀਰ ਬਾਦਲ ਦੀ ਅਗਵਾਈ 'ਚ ਅਕਾਲੀ ਦਲ ਕਦੇ ਨਹੀਂ ਹੋ ਸਕਦਾ ਮਜ਼ਬੂਤ : ਸੈਨੀ. ਆਗੂ ਗੁਰਜੀਤ ਸਿੰਘ ਰੱਖੜਾ
ਫ਼ਤਿਹਗੜ੍ਹ 18 ਜੂਨ (ਸੁਰਜੀਤ ਸਿੰਘ ਸਾਹੀ): ਅਕਾਲੀ ਦਲ ਦੀ ਲੀਡਰਸ਼ਿਪ ਨੂੰ ਪੰਥ ਨੇ ਨਕਾਰ ਦਿੱਤਾ ਹੈ ਅਤੇ ਸ੍ਰੀ ਅਕਾਲ ਤਖ਼ਤ ਸਾਹਿਬ ਦੇ ਹੁਕਮਨਾਮੇ ਨੂੰ ਨਾ ਮੰਨਣ ਵਾਲੇ ਆਗੂ ਪੰਜਾਬ ਦੀ ਸਿਆਸਤ ਵਿੱਚ ਆਪਣਾ ਆਧਾਰ ਗੁਆ ਚੁੱਕੇ ਹਨ। ਫ਼ਤਿਹਗੜ੍ਹ 18 ਜੂਨ (ਸੁਰਜੀਤ ਸਿੰਘ ਸਾਹੀ): ਅਕਾਲੀ ਦਲ ਦੀ ਲੀਡਰਸ਼ਿਪ ਨੂੰ ਪੰਥ ਨੇ ਨਕਾਰ ਦਿੱਤਾ ਹੈ ਅਤੇ ਸ੍ਰੀ ਅਕਾਲ ਤਖ਼ਤ ਸਾਹਿਬ ਦੇ ਹੁਕਮਨਾਮੇ ਨੂੰ ਨਾ ਮੰਨਣ ਵਾਲੇ ਆਗੂ ਪੰਜਾਬ ਦੀ ਸਿਆਸਤ ਵਿੱਚ ਆਪਣਾ ਆਧਾਰ ਗੁਆ ਚੁੱਕੇ ਹਨ। ਫ਼ਤਿਹਗੜ੍ਹ 18 ਜੂਨ (ਸੁਰਜੀਤ ਸਿੰਘ ਸਾਹੀ): ਅਕਾਲੀ ਦਲ ਦੀ ਲੀਡਰਸ਼ਿਪ ਨੂੰ ਪੰਥ ਨੇ ਨਕਾਰ ਦਿੱਤਾ ਹੈ ਅਤੇ ਸ੍ਰੀ ਅਕਾਲ ਤਖ਼ਤ ਸਾਹਿਬ ਦੇ ਹੁਕਮਨਾਮੇ ਨੂੰ ਨਾ ਮੰਨਣ ਵਾਲੇ ਆਗੂ ਪੰਜਾਬ ਦੀ ਸਿਆਸਤ ਵਿੱਚ ਆਪਣਾ ਆਧਾਰ ਗੁਆ ਚੁੱਕੇ ਹਨ। ਫ਼ਤਿਹਗੜ੍ਹ 18 ਜੂਨ (ਸੁਰਜੀਤ ਸਿੰਘ ਸਾਹੀ): ਅਕਾਲੀ ਦਲ ਦੀ ਲੀਡਰਸ਼ਿਪ ਨੂੰ ਪੰਥ ਨੇ ਨਕਾਰ ਦਿੱਤਾ ਹੈ ਅਤੇ ਸ੍ਰੀ ਅਕਾਲ ਤਖ਼ਤ ਸਾਹਿਬ ਦੇ ਹੁਕਮਨਾਮੇ ਨੂੰ ਨਾ ਮੰਨਣ ਵਾਲੇ ਆਗੂ ਪੰਜਾਬ ਦੀ ਸਿਆਸਤ ਵਿੱਚ ਆਪਣਾ ਆਧਾਰ ਗੁਆ ਚੁੱਕੇ ਹਨ। ਫ਼ਤਿਹਗੜ੍ਹ 18 ਜੂਨ (ਸੁਰਜੀਤ ਸਿੰਘ ਸਾਹੀ): ਅਕਾਲੀ ਦਲ ਦੀ ਲੀਡਰਸ਼ਿਪ ਨੂੰ ਪੰਥ ਨੇ ਨਕਾਰ ਦਿੱਤਾ ਹੈ ਅਤੇ ਸ੍ਰੀ ਅਕਾਲ ਤਖ਼ਤ ਸਾਹਿਬ ਦੇ ਹੁਕਮਨਾਮੇ ਨੂੰ ਨਾ ਮੰਨਣ ਵਾਲੇ ਆਗੂ ਪੰਜਾਬ ਦੀ ਸਿਆਸਤ ਵਿੱਚ ਆਪਣਾ ਆਧਾਰ ਗੁਆ ਚੁੱਕੇ ਹਨ। ਫ਼ਤਿਹਗੜ੍ਹ 18 ਜੂਨ (ਸੁਰਜੀਤ ਸਿੰਘ ਸਾਹੀ): ਅਕਾਲੀ ਦਲ ਦੀ ਲੀਡਰਸ਼ਿਪ ਨੂੰ ਪੰਥ ਨੇ ਨਕਾਰ ਦਿੱਤਾ ਹੈ ਅਤੇ ਸ੍ਰੀ ਅਕਾਲ ਤਖ਼ਤ ਸਾਹਿਬ ਦੇ ਹੁਕਮਨਾਮੇ ਨੂੰ ਨਾ ਮੰਨਣ ਵਾਲੇ ਆਗੂ ਪੰਜਾਬ ਦੀ ਸਿਆਸਤ ਵਿੱਚ ਆਪਣਾ ਆਧਾਰ ਗੁਆ ਚੁੱਕੇ ਹਨ। ਫ਼ਤਿਹਗੜ੍ਹ 18 ਜੂਨ (ਸੁਰਜੀਤ ਸਿੰਘ ਸਾਹੀ): ਅਕਾਲੀ ਦਲ ਦੀ ਲੀਡਰਸ਼ਿਪ ਨੂੰ ਪੰਥ ਨੇ ਨਕਾਰ ਦਿੱਤਾ ਹੈ ਅਤੇ ਸ੍ਰੀ ਅਕਾਲ ਤਖ਼ਤ ਸਾਹਿਬ ਦੇ ਹੁਕਮਨਾਮੇ ਨੂੰ ਨਾ ਮੰਨਣ ਵਾਲੇ ਆਗੂ ਪੰਜਾਬ ਦੀ ਸਿਆਸਤ ਵਿੱਚ ਆਪਣਾ ਆਧਾਰ ਗੁਆ ਚੁੱਕੇ ਹਨ। ਫ਼ਤਿਹਗੜ੍ਹ 18 ਜੂਨ (ਸੁਰਜੀਤ ਸਿੰਘ ਸਾਹੀ): ਅਕਾਲੀ ਦਲ ਦੀ ਲੀਡਰਸ਼ਿਪ ਨੂੰ ਪੰਥ ਨੇ ਨਕਾਰ ਦਿੱਤਾ ਹੈ ਅਤੇ ਸ੍ਰੀ ਅਕਾਲ ਤਖ਼ਤ ਸਾਹਿਬ ਦੇ ਹੁਕਮਨਾਮੇ ਨੂੰ ਨਾ ਮੰਨਣ ਵਾਲੇ ਆਗੂ ਪੰਜਾਬ ਦੀ ਸਿਆਸਤ ਵਿੱਚ ਆਪਣਾ ਆਧਾਰ ਗੁਆ ਚੁੱਕੇ ਹਨ। ਫ਼ਤਿਹਗੜ੍ਹ 18 ਜੂਨ (ਸੁਰਜੀਤ ਸਿੰਘ ਸਾਹੀ): ਅਕਾਲੀ ਦਲ ਦੀ ਲੀਡਰਸ਼ਿਪ ਨੂੰ ਪੰਥ ਨੇ ਨਕਾਰ ਦਿੱਤਾ ਹੈ ਅਤੇ ਸ੍ਰੀ ਅਕਾਲ ਤਖ਼ਤ ਸਾਹਿਬ ਦੇ ਹੁਕਮਨਾਮੇ ਨੂੰ ਨਾ ਮੰਨਣ ਵਾਲੇ ਆਗੂ ਪੰਜਾਬ ਦੀ ਸਿਆਸਤ ਵਿੱਚ ਆਪਣਾ ਆਧਾਰ ਗੁਆ ਚੁੱਕੇ ਹਨ। ਫ਼ਤਿਹਗੜ੍ਹ 18 ਜੂਨ (ਸੁਰਜੀਤ ਸਿੰਘ ਸਾਹੀ): ਅਕਾਲੀ ਦਲ ਦੀ ਲੀਡਰਸ਼ਿਪ ਨੂੰ ਪੰਥ ਨੇ ਨਕਾਰ ਦਿੱਤਾ ਹੈ ਅਤੇ ਸ੍ਰੀ ਅਕਾਲ ਤਖ਼ਤ ਸਾਹਿਬ ਦੇ ਹੁਕਮਨਾਮੇ ਨੂੰ ਨਾ ਮੰਨਣ ਵਾਲੇ ਆਗੂ ਪੰਜਾਬ ਦੀ ਸਿਆਸਤ ਵਿੱਚ ਆਪਣਾ ਆਧਾਰ ਗੁਆ ਚੁੱਕੇ ਹਨ। ਫ਼ਤਿਹਗੜ੍ਹ 18 ਜੂਨ (ਸੁਰਜੀਤ ਸਿੰਘ ਸਾਹੀ): ਅਕਾਲੀ ਦਲ ਦੀ ਲੀਡਰਸ਼ਿਪ ਨੂੰ ਪੰਥ ਨੇ ਨਕਾਰ ਦਿੱਤਾ ਹੈ ਅਤੇ ਸ੍ਰੀ ਅਕਾਲ ਤਖ਼ਤ ਸਾਹਿਬ ਦੇ ਹੁਕਮਨਾਮੇ ਨੂੰ ਨਾ ਮੰਨਣ ਵਾਲੇ ਆਗੂ ਪੰਜਾਬ ਦੀ ਸਿਆਸਤ ਵਿੱਚ ਆਪਣਾ ਆਧਾਰ ਗੁਆ ਚੁੱਕੇ ਹਨ। ਫ਼ਤਿਹਗੜ੍ਹ 18 ਜੂਨ (ਸੁਰਜੀਤ ਸਿੰਘ ਸਾਹੀ): ਅਕਾਲੀ ਦਲ ਦੀ ਲੀਡਰਸ਼ਿਪ ਨੂੰ ਪੰਥ ਨੇ ਨਕਾਰ ਦਿੱਤਾ ਹੈ ਅਤੇ ਸ੍ਰੀ ਅਕਾਲ ਤਖ਼ਤ ਸਾਹਿਬ ਦੇ ਹੁਕਮਨਾਮੇ ਨੂੰ ਨਾ ਮੰਨਣ ਵਾਲੇ ਆਗੂ ਪੰਜਾਬ ਦੀ ਸਿਆਸਤ ਵਿੱਚ ਆਪਣਾ ਆਧਾਰ ਗੁਆ ਚੁੱਕੇ ਹਨ।
ਕੋਵਿਡ ਦੇ ਤਿੰਨ ਨਵੇਂ ਕੇਸ ਆਏ ਸਾਹਮਣੇ
ਫਿਰੋਜ਼ਪੁਰ ਦੇ ਨਵੇਂ ਵੇਰੀਐਂਟ ਦੇ ਮਰੀਜ਼ਾਂ ਦੀ ਦੇਖ ਰੇਖ ਕਰ ਰਹੀ ਹੈ ਟੀਮਾਂ : ਸਿਵਲ ਸਰਜਨ
ਲੁਧਿਆਣਾ 18 ਜੂਨ 17 ਜੂਨ (ਗੁਰਦੀਪ ਸਿੰਘ ਮੱਲੀ) ਸਿਹਤ ਵਿਭਾਗ ਵੱਲੋਂ ਕੋਵਿਡ ਦੇ ਨਵੇਂ ਵੇਰੀਐਂਟ ਦੇ ਤਿੰਨ ਨਵੇਂ ਮਾਮਲੇ ਸਾਹਮਣੇ ਆਏ ਹਨ। ਸਿਵਲ ਸਰਜਨ ਨੇ ਲੋਕਾਂ ਨੂੰ ਅਪੀਲ ਕੀਤੀ ਕਿ ਘਬਰਾਉਣ ਦੀ ਲੋੜ ਨਹੀਂ ਹੈ ਪਰ ਸਾਵਧਾਨੀਆਂ ਵਰਤੀਆਂ ਜਾਣ। ਲੁਧਿਆਣਾ 18 ਜੂਨ 17 ਜੂਨ (ਗੁਰਦੀਪ ਸਿੰਘ ਮੱਲੀ) ਸਿਹਤ ਵਿਭਾਗ ਵੱਲੋਂ ਕੋਵਿਡ ਦੇ ਨਵੇਂ ਵੇਰੀਐਂਟ ਦੇ ਤਿੰਨ ਨਵੇਂ ਮਾਮਲੇ ਸਾਹਮਣੇ ਆਏ ਹਨ। ਸਿਵਲ ਸਰਜਨ ਨੇ ਲੋਕਾਂ ਨੂੰ ਅਪੀਲ ਕੀਤੀ ਕਿ ਘਬਰਾਉਣ ਦੀ ਲੋੜ ਨਹੀਂ ਹੈ ਪਰ ਸਾਵਧਾਨੀਆਂ ਵਰਤੀਆਂ ਜਾਣ। ਲੁਧਿਆਣਾ 18 ਜੂਨ 17 ਜੂਨ (ਗੁਰਦੀਪ ਸਿੰਘ ਮੱਲੀ) ਸਿਹਤ ਵਿਭਾਗ ਵੱਲੋਂ ਕੋਵਿਡ ਦੇ ਨਵੇਂ ਵੇਰੀਐਂਟ ਦੇ ਤਿੰਨ ਨਵੇਂ ਮਾਮਲੇ ਸਾਹਮਣੇ ਆਏ ਹਨ। ਸਿਵਲ ਸਰਜਨ ਨੇ ਲੋਕਾਂ ਨੂੰ ਅਪੀਲ ਕੀਤੀ ਕਿ ਘਬਰਾਉਣ ਦੀ ਲੋੜ ਨਹੀਂ ਹੈ ਪਰ ਸਾਵਧਾਨੀਆਂ ਵਰਤੀਆਂ ਜਾਣ। ਲੁਧਿਆਣਾ 18 ਜੂਨ 17 ਜੂਨ (ਗੁਰਦੀਪ ਸਿੰਘ ਮੱਲੀ) ਸਿਹਤ ਵਿਭਾਗ ਵੱਲੋਂ ਕੋਵਿਡ ਦੇ ਨਵੇਂ ਵੇਰੀਐਂਟ ਦੇ ਤਿੰਨ ਨਵੇਂ ਮਾਮਲੇ ਸਾਹਮਣੇ ਆਏ ਹਨ। ਸਿਵਲ ਸਰਜਨ ਨੇ ਲੋਕਾਂ ਨੂੰ ਅਪੀਲ ਕੀਤੀ ਕਿ ਘਬਰਾਉਣ ਦੀ ਲੋੜ ਨਹੀਂ ਹੈ ਪਰ ਸਾਵਧਾਨੀਆਂ ਵਰਤੀਆਂ ਜਾਣ। ਲੁਧਿਆਣਾ 18 ਜੂਨ 17 ਜੂਨ (ਗੁਰਦੀਪ ਸਿੰਘ ਮੱਲੀ) ਸਿਹਤ ਵਿਭਾਗ ਵੱਲੋਂ ਕੋਵਿਡ ਦੇ ਨਵੇਂ ਵੇਰੀਐਂਟ ਦੇ ਤਿੰਨ ਨਵੇਂ ਮਾਮਲੇ ਸਾਹਮਣੇ ਆਏ ਹਨ। ਸਿਵਲ ਸਰਜਨ ਨੇ ਲੋਕਾਂ ਨੂੰ
ਗਿੱਦੜਬਾਹਾ ਦੀ ਧੀ ਮਨਪ੍ਰੀਤ ਕੌਰ ਨੇ ਨੀਟ ਦੀ ਇਮਤਿਹਾਨ ਵਿੱਚ ਮਾਰਿਆ ਮਾਰਕਾ, ਵਧਾਈਆਂ ਦੇਣ ਵਾਲਿਆਂ ਦਾ ਲੱਗਿਆ ਤਾਂਤਾ
ਗਿੱਦੜਬਾਹਾ, 18 ਜੂਨ (ਜਸਵੀਰ ਸਿੰਘ ਬੁੱਟਰ)- ਗਿੱਦੜਬਾਹਾ ਵਾਸੀ ਮਾਨ ਦੀ ਗੱਲ ਮਾਸਟਰ ਬਲਰਾਜ ਸਿੰਘ ਮਾਨ ਅਤੇ ਸਰਬਜੀਤ ਕੌਰ ਦੀ ਧੀ ਮਨਪ੍ਰੀਤ ਕੌਰ ਨੇ ਨੀਟ ਦੀ ਇਮਤਿਹਾਨ ਵਿੱਚ ਮਾਰਿਆ ਮਾਰਕਾ। ਦੇਸ਼ ਭਰ ਵਿੱਚ 8439 ਅਤੇ ਆਲ ਇੰਡੀਆ ਵਿੱਚ 20622 ਰੈਂਕ ਹਾਸਲ ਕੀਤਾ। ਗਿੱਦੜਬਾਹਾ, 18 ਜੂਨ (ਜਸਵੀਰ ਸਿੰਘ ਬੁੱਟਰ)- ਗਿੱਦੜਬਾਹਾ ਵਾਸੀ ਮਾਨ ਦੀ ਗੱਲ ਮਾਸਟਰ ਬਲਰਾਜ ਸਿੰਘ ਮਾਨ ਅਤੇ ਸਰਬਜੀਤ ਕੌਰ ਦੀ ਧੀ ਮਨਪ੍ਰੀਤ ਕੌਰ ਨੇ ਨੀਟ ਦੀ ਇਮਤਿਹਾਨ ਵਿੱਚ ਮਾਰਿਆ ਮਾਰਕਾ।
ਗਿੱਦੜਬਾਹਾ, 18 ਜੂਨ (ਜਸਵੀਰ ਸਿੰਘ ਬੁੱਟਰ)- ਗਿੱਦੜਬਾਹਾ ਵਾਸੀ ਮਾਨ ਦੀ ਗੱਲ ਮਾਸਟਰ ਬਲਰਾਜ ਸਿੰਘ ਮਾਨ ਅਤੇ ਸਰਬਜੀਤ ਕੌਰ ਦੀ ਧੀ ਮਨਪ੍ਰੀਤ ਕੌਰ ਨੇ ਨੀਟ ਦੀ ਇਮਤਿਹਾਨ ਵਿੱਚ ਮਾਰਿਆ ਮਾਰਕਾ। ਦੇਸ਼ ਭਰ ਵਿੱਚ 8439 ਅਤੇ ਆਲ ਇੰਡੀਆ ਵਿੱਚ 20622 ਰੈਂਕ ਹਾਸਲ ਕੀਤਾ। ਗਿੱਦੜਬਾਹਾ, 18 ਜੂਨ (ਜਸਵੀਰ ਸਿੰਘ ਬੁੱਟਰ)- ਗਿੱਦੜਬਾਹਾ ਵਾਸੀ ਮਾਨ ਦੀ ਗੱਲ ਮਾਸਟਰ ਬਲਰਾਜ ਸਿੰਘ ਮਾਨ ਅਤੇ ਸਰਬਜੀਤ ਕੌਰ ਦੀ ਧੀ ਮਨਪ੍ਰੀਤ ਕੌਰ ਨੇ ਨੀਟ ਦੀ ਇਮਤਿਹਾਨ ਵਿੱਚ ਮਾਰਿਆ ਮਾਰਕਾ। ਦੇਸ਼ ਭਰ ਵਿੱਚ 8439 ਅਤੇ ਆਲ ਇੰਡੀਆ ਵਿੱਚ 20622 ਰੈਂਕ ਹਾਸਲ ਕੀਤਾ। ਗਿੱਦੜਬਾਹਾ, 18 ਜੂਨ (ਜਸਵੀਰ ਸਿੰਘ ਬੁੱਟਰ)- ਗਿੱਦੜਬਾਹਾ ਵਾਸੀ ਮਾਨ ਦੀ ਗੱਲ ਮਾਸਟਰ ਬਲਰਾਜ ਸਿੰਘ ਮਾਨ ਅਤੇ ਸਰਬਜੀਤ ਕੌਰ ਦੀ ਧੀ ਮਨਪ੍ਰੀਤ ਕੌਰ ਨੇ ਨੀਟ ਦੀ ਇਮਤਿਹਾਨ ਵਿੱਚ ਮਾਰਿਆ ਮਾਰਕਾ। ਦੇਸ਼ ਭਰ ਵਿੱਚ 8439 ਅਤੇ ਆਲ ਇੰਡੀਆ ਵਿੱਚ 20622 ਰੈਂਕ ਹਾਸਲ ਕੀਤਾ। ਗਿੱਦੜਬਾਹਾ, 18 ਜੂਨ (ਜਸਵੀਰ ਸਿੰਘ ਬੁੱਟਰ)- ਗਿੱਦੜਬਾਹਾ ਵਾਸੀ ਮਾਨ ਦੀ ਗੱਲ ਮਾਸਟਰ ਬਲਰਾਜ ਸਿੰਘ ਮਾਨ ਅਤੇ ਸਰਬਜੀਤ ਕੌਰ ਦੀ ਧੀ ਮਨਪ੍ਰੀਤ ਕੌਰ ਨੇ ਨੀਟ ਦੀ ਇਮਤਿਹਾਨ ਵਿੱਚ ਮਾਰਿਆ ਮਾਰਕਾ। ਦੇਸ਼ ਭਰ ਵਿੱਚ 8439 ਅਤੇ ਆਲ ਇੰਡੀਆ ਵਿੱਚ 20622 ਰੈਂਕ ਹਾਸਲ ਕੀਤਾ। ਗਿੱਦੜਬਾਹਾ, 18 ਜੂਨ (ਜਸਵੀਰ ਸਿੰਘ ਬੁੱਟਰ)- ਗਿੱਦੜਬਾਹਾ ਵਾਸੀ ਮਾਨ ਦੀ ਗੱਲ ਮਾਸਟਰ ਬਲਰਾਜ ਸਿੰਘ ਮਾਨ ਅਤੇ ਸਰਬਜੀਤ ਕੌਰ ਦੀ ਧੀ ਮਨਪ੍ਰੀਤ ਕੌਰ ਨੇ ਨੀਟ ਦੀ ਇਮਤਿਹਾਨ ਵਿੱਚ ਮਾਰਿਆ ਮਾਰਕਾ। ਦੇਸ਼ ਭਰ ਵਿੱਚ 8439 ਅਤੇ ਆਲ ਇੰਡੀਆ ਵਿੱਚ 20622 ਰੈਂਕ ਹਾਸਲ ਕੀਤਾ। ਗਿੱਦੜਬਾਹਾ, 18 ਜੂਨ (ਜਸਵੀਰ ਸਿੰਘ ਬੁੱਟਰ)- ਗਿੱਦੜਬਾਹਾ ਵਾਸੀ ਮਾਨ ਦੀ ਗੱਲ ਮਾਸਟਰ ਬਲਰਾਜ ਸਿੰਘ ਮਾਨ ਅਤੇ ਸਰਬਜੀਤ ਕੌਰ ਦੀ ਧੀ ਮਨਪ੍ਰੀਤ ਕੌਰ ਨੇ ਨੀਟ ਦੀ ਇਮਤਿਹਾਨ ਵਿੱਚ ਮਾਰਿਆ ਮਾਰਕਾ। ਦੇਸ਼ ਭਰ ਵਿੱਚ 8439 ਅਤੇ ਆਲ ਇੰਡੀਆ ਵਿੱਚ 20622 ਰੈਂਕ ਹਾਸਲ ਕੀਤਾ।
ਸੰਗਰੂਰ, 18 ਜੂਨ (ਜਗਸੀਰ ਸਿੰਘ) ਪੰਜਾਬ ਸਰਕਾਰ ਦੇ ਆਦੇਸ਼ਾਂ ਅਨੁਸਾਰ ਖੇਤਰੀ ਟਰਾਂਸਪੋਰਟ ਦਫ਼ਤਰ ਵੱਲੋਂ ਮੈਨੂਅਲ ਲਾਇਸੈਂਸਿੰਗ ਸਰਟੀਫਿਕੇਟਾਂ ਅਤੇ ਡਰਾਇਵਿੰਗ ਲਾਇਸੈਂਸਾਂ ਦੀ ਰਜਿਸਟ੍ਰੇਸ਼ਨ ਅਤੇ ਰੀਨਿਊਲ ਦੇ ਬਕਾਇਆ ਕੰਮ ਨੂੰ ਜਲਦੀ ਮੁਕੰਮਲ ਕੀਤਾ ਜਾਵੇਗਾ। ਸੰਗਰੂਰ, 18 ਜੂਨ (ਜਗਸੀਰ ਸਿੰਘ) ਪੰਜਾਬ ਸਰਕਾਰ ਦੇ ਆਦੇਸ਼ਾਂ ਅਨੁਸਾਰ ਖੇਤਰੀ ਟਰਾਂਸਪੋਰਟ ਦਫ਼ਤਰ ਵੱਲੋਂ ਮੈਨੂਅਲ ਲਾਇਸੈਂਸਿੰਗ ਸਰਟੀਫਿਕੇਟਾਂ ਅਤੇ ਡਰਾਇਵਿੰਗ ਲਾਇਸੈਂਸਾਂ ਦੀ ਰਜਿਸਟ੍ਰੇਸ਼ਨ ਅਤੇ ਰੀਨਿਊਲ ਦੇ ਬਕਾਇਆ ਕੰਮ ਨੂੰ ਜਲਦੀ ਮੁਕੰਮਲ ਕੀਤਾ ਜਾਵੇਗਾ। ਸੰਗਰੂਰ, 18 ਜੂਨ (ਜਗਸੀਰ ਸਿੰਘ) ਪੰਜਾਬ ਸਰਕਾਰ ਦੇ ਆਦੇਸ਼ਾਂ ਅਨੁਸਾਰ ਖੇਤਰੀ ਟਰਾਂਸਪੋਰਟ ਦਫ਼ਤਰ ਵੱਲੋਂ ਮੈਨੂਅਲ ਲਾਇਸੈਂਸਿੰਗ ਸਰਟੀਫਿਕੇਟਾਂ ਅਤੇ ਡਰਾਇਵਿੰਗ ਲਾਇਸੈਂਸਾਂ ਦੀ ਰਜਿਸਟ੍ਰੇਸ਼ਨ ਅਤੇ ਰੀਨਿਊਲ ਦੇ ਬਕਾਇਆ ਕੰਮ ਨੂੰ ਜਲਦੀ ਮੁਕੰਮਲ ਕੀਤਾ ਜਾਵੇਗਾ। ਸੰਗਰੂਰ, 18 ਜੂਨ (ਜਗਸੀਰ ਸਿੰਘ) ਪੰਜਾਬ ਸਰਕਾਰ ਦੇ ਆਦੇਸ਼ਾਂ ਅਨੁਸਾਰ ਖੇਤਰੀ ਟਰਾਂਸਪੋਰਟ ਦਫ਼ਤਰ ਵੱਲੋਂ ਮੈਨੂਅਲ ਲਾਇਸੈਂਸਿੰਗ ਸਰਟੀਫਿਕੇਟਾਂ ਅਤੇ ਡਰਾਇਵਿੰਗ ਲਾਇਸੈਂਸਾਂ ਦੀ ਰਜਿਸਟ੍ਰੇਸ਼ਨ ਅਤੇ ਰੀਨਿਊਲ ਦੇ ਬਕਾਇਆ ਕੰਮ ਨੂੰ ਜਲਦੀ ਮੁਕੰਮਲ ਕੀਤਾ ਜਾਵੇਗਾ। ਸੰਗਰੂਰ, 18 ਜੂਨ (ਜਗਸੀਰ ਸਿੰਘ) ਪੰਜਾਬ ਸਰਕਾਰ ਦੇ ਆਦੇਸ਼ਾਂ ਅਨੁਸਾਰ ਖੇਤਰੀ ਟਰਾਂਸਪੋਰਟ ਦਫ਼ਤਰ ਵੱਲੋਂ ਮੈਨੂਅਲ ਲਾਇਸੈਂਸਿੰਗ ਸਰਟੀਫਿਕੇਟਾਂ ਅਤੇ ਡਰਾਇਵਿੰਗ ਲਾਇਸੈਂਸਾਂ ਦੀ ਰਜਿਸਟ੍ਰੇਸ਼ਨ ਅਤੇ ਰੀਨਿਊਲ ਦੇ ਬਕਾਇਆ ਕੰਮ ਨੂੰ ਜਲਦੀ ਮੁਕੰਮਲ ਕੀਤਾ ਜਾਵੇਗਾ। ਸੰਗਰੂਰ, 18 ਜੂਨ (ਜਗਸੀਰ ਸਿੰਘ) ਪੰਜਾਬ ਸਰਕਾਰ ਦੇ ਆਦੇਸ਼ਾਂ ਅਨੁਸਾਰ ਖੇਤਰੀ ਟਰਾਂਸਪੋਰਟ ਦਫ਼ਤਰ ਵੱਲੋਂ ਮੈਨੂਅਲ ਲਾਇਸੈਂਸਿੰਗ ਸਰਟੀਫਿਕੇਟਾਂ ਅਤੇ ਡਰਾਇਵਿੰਗ ਲਾਇਸੈਂਸਾਂ ਦੀ ਰਜਿਸਟ੍ਰੇਸ਼ਨ ਅਤੇ ਰੀਨਿਊਲ ਦੇ ਬਕਾਇਆ ਕੰਮ ਨੂੰ ਜਲਦੀ ਮੁਕੰਮਲ ਕੀਤਾ ਜਾਵੇਗਾ। ਸੰਗਰੂਰ, 18 ਜੂਨ (ਜਗਸੀਰ ਸਿੰਘ) ਪੰਜਾਬ ਸਰਕਾਰ ਦੇ ਆਦੇਸ਼ਾਂ ਅਨੁਸਾਰ ਖੇਤਰੀ ਟਰਾਂਸਪੋਰਟ ਦਫ਼ਤਰ ਵੱਲੋਂ ਮੈਨੂਅਲ ਲਾਇਸੈਂਸਿੰਗ ਸਰਟੀਫਿਕੇਟਾਂ ਅਤੇ ਡਰਾਇਵਿੰਗ ਲਾਇਸੈਂਸਾਂ ਦੀ ਰਜਿਸਟ੍ਰੇਸ਼ਨ ਅਤੇ ਰੀਨਿਊਲ ਦੇ ਬਕਾਇਆ ਕੰਮ ਨੂੰ
ਆਟਿਸਟਿਕ ਪ੍ਰਾਈਡ ਡੇ ਦੀ ਪੂਰਵ ਸੰਧਿਆ ਤੇ ਵਿਸ਼ੇਸ਼
ਬੱਚੇ ਬਦਲੀ ਹੈ ਜ਼ਿਦਗੀ, ਸਭ ਵਿਲੱਖਣ ਹਨ ਸਾਡੇ ਬੱਚੇ
ਹੁਸ਼ਿਆਰਪੁਰ, 18 ਜੂਨ (ਤਰਸੇਮ ਦੀਵਾਨਾ): ਆਟਿਸਟਿਕ ਪ੍ਰਾਈਡ ਡੇ ਦੀ ਪੂਰਵ ਸੰਧਿਆ 'ਤੇ ਉਪਰਲੀ ਬਾਰਡ ਵਿੱਚ ਪ੍ਰਤਿਭਾ ਅਤੇ ਵਿਸ਼ੇਸ਼ਤਾਵਾਂ ਛੁਪੀਆਂ ਹੁੰਦੀਆਂ ਹਨ। ਮਾਪਿਆਂ ਨੂੰ ਸਮਝਣਾ ਚਾਹੀਦਾ ਹੈ ਕਿ ਹਰ ਬੱਚਾ ਵਿਲੱਖਣ ਹੈ ਅਤੇ ਸਹੀ ਮਾਰਗਦਰਸ਼ਨ ਨਾਲ ਅੱਗੇ ਵਧ ਸਕਦਾ ਹੈ। ਹੁਸ਼ਿਆਰਪੁਰ, 18 ਜੂਨ (ਤਰਸੇਮ ਦੀਵਾਨਾ): ਆਟਿਸਟਿਕ ਪ੍ਰਾਈਡ ਡੇ ਦੀ ਪੂਰਵ ਸੰਧਿਆ 'ਤੇ ਉਪਰਲੀ ਬਾਰਡ ਵਿੱਚ ਪ੍ਰਤਿਭਾ ਅਤੇ ਵਿਸ਼ੇਸ਼ਤਾਵਾਂ ਛੁਪੀਆਂ ਹੁੰਦੀਆਂ ਹਨ। ਮਾਪਿਆਂ ਨੂੰ ਸਮਝਣਾ ਚਾਹੀਦਾ ਹੈ ਕਿ ਹਰ ਬੱਚਾ ਵਿਲੱਖਣ ਹੈ ਅਤੇ ਸਹੀ ਮਾਰਗਦਰਸ਼ਨ ਨਾਲ ਅੱਗੇ ਵਧ ਸਕਦਾ ਹੈ। ਹੁਸ਼ਿਆਰਪੁਰ, 18 ਜੂਨ (ਤਰਸੇਮ ਦੀਵਾਨਾ): ਆਟਿਸਟਿਕ ਪ੍ਰਾਈਡ ਡੇ ਦੀ ਪੂਰਵ ਸੰਧਿਆ 'ਤੇ ਉਪਰਲੀ ਬਾਰਡ ਵਿੱਚ ਪ੍ਰਤਿਭਾ ਅਤੇ ਵਿਸ਼ੇਸ਼ਤਾਵਾਂ ਛੁਪੀਆਂ ਹੁੰਦੀਆਂ ਹਨ। ਮਾਪਿਆਂ ਨੂੰ ਸਮਝਣਾ ਚਾਹੀਦਾ ਹੈ ਕਿ ਹਰ ਬੱਚਾ ਵਿਲੱਖਣ ਹੈ ਅਤੇ ਸਹੀ ਮਾਰਗਦਰਸ਼ਨ ਨਾਲ ਅੱਗੇ ਵਧ ਸਕਦਾ ਹੈ। ਹੁਸ਼ਿਆਰਪੁਰ, 18 ਜੂਨ (ਤਰਸੇਮ ਦੀਵਾਨਾ): ਆਟਿਸਟਿਕ ਪ੍ਰਾਈਡ ਡੇ ਦੀ ਪੂਰਵ ਸੰਧਿਆ 'ਤੇ ਉਪਰਲੀ ਬਾਰਡ ਵਿੱਚ ਪ੍ਰਤਿਭਾ ਅਤੇ ਵਿਸ਼ੇਸ਼ਤਾਵਾਂ ਛੁਪੀਆਂ ਹੁੰਦੀਆਂ ਹਨ। ਮਾਪਿਆਂ ਨੂੰ ਸਮਝਣਾ ਚਾਹੀਦਾ ਹੈ ਕਿ ਹਰ ਬੱਚਾ ਵਿਲੱਖਣ ਹੈ ਅਤੇ ਸਹੀ ਮਾਰਗਦਰਸ਼ਨ ਨਾਲ ਅੱਗੇ ਵਧ ਸਕਦਾ ਹੈ। ਹੁਸ਼ਿਆਰਪੁਰ, 18 ਜੂਨ (ਤਰਸੇਮ ਦੀਵਾਨਾ): ਆਟਿਸਟਿਕ ਪ੍ਰਾਈਡ ਡੇ ਦੀ ਪੂਰਵ ਸੰਧਿਆ 'ਤੇ ਉਪਰਲੀ ਬਾਰਡ ਵਿੱਚ ਪ੍ਰਤਿਭਾ ਅਤੇ ਵਿਸ਼ੇਸ਼ਤਾਵਾਂ ਛੁਪੀਆਂ ਹੁੰਦੀਆਂ ਹਨ। ਮਾਪਿਆਂ ਨੂੰ ਸਮਝਣਾ ਚਾਹੀਦਾ ਹੈ ਕਿ ਹਰ ਬੱਚਾ ਵਿਲੱਖਣ ਹੈ ਅਤੇ ਸਹੀ ਮਾਰਗਦਰਸ਼ਨ ਨਾਲ ਅੱਗੇ ਵਧ ਸਕਦਾ ਹੈ। ਹੁਸ਼ਿਆਰਪੁਰ, 18 ਜੂਨ (ਤਰਸੇਮ ਦੀਵਾਨਾ): ਆਟਿਸਟਿਕ ਪ੍ਰਾਈਡ ਡੇ ਦੀ ਪੂਰਵ ਸੰਧਿਆ 'ਤੇ ਉਪਰਲੀ ਬਾਰਡ ਵਿੱਚ ਪ੍ਰਤਿਭਾ ਅਤੇ ਵਿਸ਼ੇਸ਼ਤਾਵਾਂ ਛੁਪੀਆਂ ਹੁੰਦੀਆਂ ਹਨ। ਮਾਪਿਆਂ ਨੂੰ ਸਮਝਣਾ ਚਾਹੀਦਾ ਹੈ ਕਿ ਹਰ ਬੱਚਾ ਵਿਲੱਖਣ ਹੈ ਅਤੇ ਸਹੀ ਮਾਰਗਦਰਸ਼ਨ ਨਾਲ ਅੱਗੇ ਵਧ ਸਕਦਾ ਹੈ। ਹੁਸ਼ਿਆਰਪੁਰ, 18 ਜੂਨ (ਤਰਸੇਮ ਦੀਵਾਨਾ): ਆਟਿਸਟਿਕ ਪ੍ਰਾਈਡ ਡੇ ਦੀ ਪੂਰਵ ਸੰਧਿਆ 'ਤੇ ਉਪਰਲੀ ਬਾਰਡ ਵਿੱਚ ਪ੍ਰਤਿਭਾ ਅਤੇ ਵਿਸ਼ੇਸ਼ਤਾਵਾਂ ਛੁਪੀਆਂ ਹੁੰਦੀਆਂ ਹਨ। ਮਾਪਿਆਂ ਨੂੰ ਸਮਝਣਾ ਚਾਹੀਦਾ ਹੈ ਕਿ
ਹੁਸ਼ਿਆਰਪੁਰ, 18 ਜੂਨ (ਤਰਸੇਮ ਦੀਵਾਨਾ): ਆਟਿਸਟਿਕ ਪ੍ਰਾਈਡ ਡੇ ਦੀ ਪੂਰਵ ਸੰਧਿਆ 'ਤੇ ਉਪਰਲੀ ਬਾਰਡ ਵਿੱਚ ਪ੍ਰਤਿਭਾ ਅਤੇ ਵਿਸ਼ੇਸ਼ਤਾਵਾਂ ਛੁਪੀਆਂ ਹੁੰਦੀਆਂ ਹਨ। ਮਾਪਿਆਂ ਨੂੰ ਸਮਝਣਾ ਚਾਹੀਦਾ ਹੈ ਕਿ ਹਰ ਬੱਚਾ ਵਿਲੱਖਣ ਹੈ ਅਤੇ ਸਹੀ ਮਾਰਗਦਰਸ਼ਨ ਨਾਲ ਅੱਗੇ ਵਧ ਸਕਦਾ ਹੈ। ਹੁਸ਼ਿਆਰਪੁਰ, 18 ਜੂਨ (ਤਰਸੇਮ ਦੀਵਾਨਾ): ਆਟਿਸਟਿਕ ਪ੍ਰਾਈਡ ਡੇ ਦੀ ਪੂਰਵ ਸੰਧਿਆ 'ਤੇ ਉਪਰਲੀ ਬਾਰਡ ਵਿੱਚ ਪ੍ਰਤਿਭਾ ਅਤੇ ਵਿਸ਼ੇਸ਼ਤਾਵਾਂ ਛੁਪੀਆਂ ਹੁੰਦੀਆਂ ਹਨ। ਮਾਪਿਆਂ ਨੂੰ ਸਮਝਣਾ ਚਾਹੀਦਾ ਹੈ ਕਿ ਹਰ ਬੱਚਾ ਵਿਲੱਖਣ ਹੈ ਅਤੇ ਸਹੀ ਮਾਰਗਦਰਸ਼ਨ ਨਾਲ
ਹੁਸ਼ਿਆਰਪੁਰ, 18 ਜੂਨ (ਤਰਸੇਮ ਦੀਵਾਨਾ): ਆਟਿਸਟਿਕ ਪ੍ਰਾਈਡ ਡੇ ਦੀ ਪੂਰਵ ਸੰਧਿਆ 'ਤੇ ਉਪਰਲੀ ਬਾਰਡ ਵਿੱਚ ਪ੍ਰਤਿਭਾ ਅਤੇ ਵਿਸ਼ੇਸ਼ਤਾਵਾਂ ਛੁਪੀਆਂ ਹੁੰਦੀਆਂ ਹਨ। ਮਾਪਿਆਂ ਨੂੰ ਸਮਝਣਾ ਚਾਹੀਦਾ ਹੈ ਕਿ ਹਰ ਬੱਚਾ ਵਿਲੱਖਣ ਹੈ ਅਤੇ ਸਹੀ ਮਾਰਗਦਰਸ਼ਨ ਨਾਲ ਅੱਗੇ ਵਧ ਸਕਦਾ ਹੈ। ਹੁਸ਼ਿਆਰਪੁਰ, 18 ਜੂਨ (ਤਰਸੇਮ
ਹੁਸ਼ਿਆਰਪੁਰ, 18 ਜੂਨ (ਤਰਸੇਮ ਦੀਵਾਨਾ): ਆਟਿਸਟਿਕ ਪ੍ਰਾਈਡ ਡੇ ਦੀ ਪੂਰਵ ਸੰਧਿਆ 'ਤੇ ਉਪਰਲੀ ਬਾਰਡ ਵਿੱਚ ਪ੍ਰਤਿਭਾ ਅਤੇ ਵਿਸ਼ੇਸ਼ਤਾਵਾਂ ਛੁਪੀਆਂ ਹੁੰਦੀਆਂ ਹਨ। ਮਾਪਿਆਂ ਨੂੰ ਸਮਝਣਾ ਚਾਹੀਦਾ ਹੈ ਕਿ ਹਰ ਬੱਚਾ ਵਿਲੱਖਣ ਹੈ ਅਤੇ ਸਹੀ ਮਾਰਗਦਰਸ਼ਨ ਨਾਲ ਅੱਗੇ ਵਧ ਸਕਦਾ ਹੈ। ਹੁਸ਼ਿਆਰਪੁਰ, 18 ਜੂਨ (ਤਰਸੇਮ ਦੀਵਾਨਾ): ਆਟਿਸਟਿਕ ਪ੍ਰਾਈਡ ਡੇ ਦੀ ਪੂਰਵ ਸੰਧਿਆ 'ਤੇ ਉਪਰਲੀ ਬਾਰਡ ਵਿੱਚ ਪ੍ਰਤਿਭਾ ਅਤੇ ਵਿਸ਼ੇਸ਼ਤਾਵਾਂ ਛੁਪੀਆਂ ਹੁੰਦੀਆਂ ਹਨ। ਮਾਪਿਆਂ ਨੂੰ ਸਮਝਣਾ ਚਾਹੀਦਾ ਹੈ ਕਿ ਹਰ ਬੱਚਾ ਵਿਲੱਖਣ ਹੈ ਅਤੇ ਸਹੀ ਮਾਰਗਦਰਸ਼ਨ ਨਾਲ ਅੱਗੇ ਵਧ ਸਕਦਾ ਹੈ। ਹੁਸ਼ਿਆਰਪੁਰ, 18 ਜੂਨ (ਤਰਸੇਮ ਦੀਵਾਨਾ): ਆਟਿਸਟਿਕ ਪ੍ਰਾਈਡ ਡੇ ਦੀ ਪੂਰਵ ਸੰਧਿਆ 'ਤੇ ਉਪਰਲੀ ਬਾਰਡ ਵਿੱਚ ਪ੍ਰਤਿਭਾ ਅਤੇ ਵਿਸ਼ੇਸ਼ਤਾਵਾਂ ਛੁਪੀਆਂ ਹੁੰਦੀਆਂ
ਵਿਧਾਇਕ 'ਤੇ ਡਿਪਟੀ ਕਮਿਸ਼ਨਰ ਨੇ ਜਲ ਜੀਵਨ ਮਿਸ਼ਨ ਦੀਆਂ ਸਕੀਮਾਂ ਦੀ ਕੀਤੀ ਸਮੀਖਿਆ
ਜਲ ਸ਼ਕਤੀ ਅਭਿਆਨ ਤਹਿਤ ਸਰਕਾਰੀ ਸਕੀਮਾਂ ਦਾ ਲਾਭ ਹੇਠਲੇ ਪੱਧਰ ਤੱਕ ਦੇਣ ਦੀ ਹਦਾਇਤ
ਫਰੀਦਕੋਟ 18 ਜੂਨ (ਜਸਵੀਰ ਥਾਂਦਾ) ਜਲ ਜੀਵਨ ਮਿਸ਼ਨ ਅਤੇ ਜਲ ਸ਼ਕਤੀ ਮਿਸ਼ਨ ਸਕੀਮਾਂ ਸਬੰਧੀ ਰੀਵਿਊ ਮੀਟਿੰਗ ਵਿਧਾਇਕ ਫਰੀਦਕੋਟ ਗੁਰਦਿੱਤ ਸਿੰਘ ਸੇਖੋਂ ਅਤੇ ਡਿਪਟੀ ਕਮਿਸ਼ਨਰ ਮੈਡਮ ਪੂਨਮਦੀਪ ਕੌਰ ਦੀ ਅਗਵਾਈ ਹੇਠ ਹੋਈ। ਜਲ ਸੰਗ੍ਰਹਿ ਅਤੇ ਪੀਣ ਵਾਲੇ ਪਾਣੀ ਦੀ ਗੁਣਵੱਤਾ ਦੀ ਜਾਂਚ ਕਰਨ ਬਾਰੇ ਵਿਚਾਰ ਕੀਤਾ ਗਿਆ। ਫਰੀਦਕੋਟ 18 ਜੂਨ (ਜਸਵੀਰ ਥਾਂਦਾ) ਜਲ ਜੀਵਨ ਮਿਸ਼ਨ ਅਤੇ ਜਲ ਸ਼ਕਤੀ ਮਿਸ਼ਨ ਸਕੀਮਾਂ ਸਬੰਧੀ ਰੀਵਿਊ ਮੀਟਿੰਗ ਵਿਧਾਇਕ ਫਰੀਦਕੋਟ ਗੁਰਦਿੱਤ ਸਿੰਘ ਸੇਖੋਂ ਅਤੇ ਡਿਪਟੀ ਕਮਿਸ਼ਨਰ ਮੈਡਮ ਪੂਨਮਦੀਪ ਕੌਰ ਦੀ ਅਗਵਾਈ ਹੇਠ ਹੋਈ। ਜਲ ਸੰਗ੍ਰਹਿ ਅਤੇ ਪੀਣ ਵਾਲੇ ਪਾਣੀ ਦੀ ਗੁਣਵੱਤਾ ਦੀ ਜਾਂਚ ਕਰਨ ਬਾਰੇ ਵਿਚਾਰ ਕੀਤਾ ਗਿਆ। ਫਰੀਦਕੋਟ 18 ਜੂਨ (ਜਸਵੀਰ ਥਾਂਦਾ) ਜਲ ਜੀਵਨ ਮਿਸ਼ਨ ਅਤੇ ਜਲ ਸ਼ਕਤੀ ਮਿਸ਼ਨ ਸਕੀਮਾਂ ਸਬੰਧੀ ਰੀਵਿਊ ਮੀਟਿੰਗ ਵਿਧਾਇਕ ਫਰੀਦਕੋਟ ਗੁਰਦਿੱਤ ਸਿੰਘ ਸੇਖੋਂ ਅਤੇ ਡਿਪਟੀ ਕਮਿਸ਼ਨਰ ਮੈਡਮ ਪੂਨਮਦੀਪ ਕੌਰ ਦੀ ਅਗਵਾਈ ਹੇਠ ਹੋਈ। ਜਲ ਸੰਗ੍ਰਹਿ ਅਤੇ ਪੀਣ ਵਾਲੇ ਪਾਣੀ ਦੀ ਗੁਣਵੱਤਾ ਦੀ ਜਾਂਚ ਕਰਨ ਬਾਰੇ ਵਿਚਾਰ ਕੀਤਾ ਗਿਆ। ਫਰੀਦਕੋਟ 18 ਜੂਨ (ਜਸਵੀਰ ਥਾਂਦਾ) ਜਲ ਜੀਵਨ ਮਿਸ਼ਨ ਅਤੇ ਜਲ ਸ਼ਕਤੀ ਮਿਸ਼ਨ ਸਕੀਮਾਂ ਸਬੰਧੀ ਰੀਵਿਊ ਮੀਟਿੰਗ ਵਿਧਾਇਕ ਫਰੀਦਕੋਟ ਗੁਰਦਿੱਤ ਸਿੰਘ ਸੇਖੋਂ ਅਤੇ ਡਿਪਟੀ ਕਮਿਸ਼ਨਰ ਮੈਡਮ ਪੂਨਮਦੀਪ ਕੌਰ ਦੀ ਅਗਵਾਈ ਹੇਠ ਹੋਈ। ਜਲ ਸੰਗ੍ਰਹਿ ਅਤੇ ਪੀਣ ਵਾਲੇ ਪਾਣੀ ਦੀ ਗੁਣਵੱਤਾ ਦੀ ਜਾਂਚ ਕਰਨ ਬਾਰੇ ਵਿਚਾਰ ਕੀਤਾ ਗਿਆ। ਫਰੀਦਕੋਟ 18 ਜੂਨ (ਜਸਵੀਰ ਥਾਂਦਾ) ਜਲ ਜੀਵਨ ਮਿਸ਼ਨ ਅਤੇ ਜਲ ਸ਼ਕਤੀ ਮਿਸ਼ਨ ਸਕੀਮਾਂ ਸਬੰਧੀ ਰੀਵਿਊ ਮੀਟਿੰਗ ਵਿਧਾਇਕ ਫਰੀਦਕੋਟ ਗੁਰਦਿੱਤ ਸਿੰਘ ਸੇਖੋਂ ਅਤੇ ਡਿਪਟੀ ਕਮਿਸ਼ਨਰ ਮੈਡਮ ਪੂਨਮਦੀਪ ਕੌਰ ਦੀ ਅਗਵਾਈ ਹੇਠ ਹੋਈ। ਜਲ ਸੰਗ੍ਰਹਿ ਅਤੇ ਪੀਣ ਵਾਲੇ ਪਾਣੀ ਦੀ ਗੁਣਵੱਤਾ ਦੀ ਜਾਂਚ ਕਰਨ ਬਾਰੇ ਵਿਚਾਰ ਕੀਤਾ ਗਿਆ। ਫਰੀਦਕੋਟ 18 ਜੂਨ (ਜਸਵੀਰ ਥਾਂਦਾ) ਜਲ ਜੀਵਨ ਮਿਸ਼ਨ ਅਤੇ ਜਲ ਸ਼ਕਤੀ ਮਿਸ਼ਨ ਸਕੀਮਾਂ ਸਬੰਧੀ ਰੀਵਿਊ ਮੀਟਿੰਗ ਵਿਧਾਇਕ ਫਰੀਦਕੋਟ ਗੁਰਦਿੱਤ ਸਿੰਘ ਸੇਖੋਂ ਅਤੇ ਡਿਪਟੀ ਕਮਿਸ਼ਨਰ ਮੈਡਮ ਪੂਨਮਦੀਪ ਕੌਰ ਦੀ ਅਗਵਾਈ ਹੇਠ ਹੋਈ। ਜਲ ਸੰਗ੍ਰਹਿ ਅਤੇ ਪੀਣ ਵਾਲੇ ਪਾਣੀ ਦੀ ਗੁਣਵੱਤਾ ਦੀ ਜਾਂਚ ਕਰਨ ਬਾਰੇ ਵਿਚਾਰ ਕੀਤਾ ਗਿਆ। ਫਰੀਦਕੋਟ 18 ਜੂਨ (ਜਸਵੀਰ ਥਾਂਦਾ) ਜਲ ਜੀਵਨ ਮਿਸ਼ਨ ਅਤੇ ਜਲ ਸ਼ਕਤੀ ਮਿਸ਼ਨ ਸਕੀਮਾਂ ਸਬੰਧੀ ਰੀਵਿਊ ਮੀਟਿੰਗ ਵਿਧਾਇਕ ਫਰੀਦਕੋਟ ਗੁਰਦਿੱਤ ਸਿੰਘ ਸੇਖੋਂ ਅਤੇ ਡਿਪਟੀ ਕਮਿਸ਼ਨਰ ਮੈਡਮ ਪੂਨਮਦੀਪ ਕੌਰ ਦੀ ਅਗਵਾਈ ਹੇਠ ਹੋਈ। ਜਲ ਸੰਗ੍ਰਹਿ ਅਤੇ ਪੀਣ ਵਾਲੇ ਪਾਣੀ ਦੀ ਗੁਣਵੱਤਾ ਦੀ ਜਾਂਚ ਕਰਨ ਬਾਰੇ ਵਿਚਾਰ ਕੀਤਾ ਗਿਆ। ਫਰੀਦਕੋਟ 18 ਜੂਨ (ਜਸਵੀਰ ਥਾਂਦਾ) ਜਲ ਜੀਵਨ ਮਿਸ਼ਨ ਅਤੇ ਜਲ ਸ਼ਕਤੀ ਮਿਸ਼ਨ ਸਕੀਮਾਂ ਸਬੰਧੀ ਰੀਵਿਊ ਮੀਟਿੰਗ ਵਿਧਾਇਕ ਫਰੀਦਕੋਟ ਗੁਰਦਿੱਤ ਸਿੰਘ ਸੇਖੋਂ ਅਤੇ ਡਿਪਟੀ ਕਮਿਸ਼ਨਰ ਮੈਡਮ ਪੂਨਮਦੀਪ ਕੌਰ ਦੀ ਅਗਵਾਈ ਹੇਠ ਹੋਈ। ਜਲ ਸੰਗ੍ਰਹਿ ਅਤੇ ਪੀਣ ਵਾਲੇ ਪਾਣੀ ਦੀ ਗੁਣਵੱਤਾ ਦੀ ਜਾਂਚ ਕਰਨ ਬਾਰੇ ਵਿਚਾਰ ਕੀਤਾ ਗਿਆ। ਫਰੀਦਕੋਟ 18 ਜੂਨ (ਜਸਵੀਰ ਥਾਂਦਾ) ਜਲ ਜੀਵਨ ਮਿਸ਼ਨ ਅਤੇ ਜਲ ਸ਼ਕਤੀ ਮਿਸ਼ਨ ਸਕੀਮਾਂ ਸਬੰਧੀ ਰੀਵਿਊ ਮੀਟਿੰਗ ਵਿਧਾਇਕ ਫਰੀਦਕੋਟ ਗੁਰਦਿੱਤ ਸਿੰਘ ਸੇਖੋਂ ਅਤੇ ਡਿਪਟੀ ਕਮਿਸ਼ਨਰ ਮੈਡਮ ਪੂਨਮਦੀਪ ਕੌਰ ਦੀ ਅਗਵਾਈ ਹੇਠ ਹੋਈ। ਜਲ ਸੰਗ੍ਰਹਿ ਅਤੇ ਪੀਣ ਵਾਲੇ ਪਾਣੀ ਦੀ ਗੁਣਵੱਤਾ ਦੀ ਜਾਂਚ ਕਰਨ ਬਾਰੇ ਵਿਚਾਰ ਕੀਤਾ ਗਿਆ। ਫਰੀਦਕੋਟ 18 ਜੂਨ (ਜਸਵੀਰ ਥਾਂਦਾ) ਜਲ ਜੀਵਨ ਮਿਸ਼ਨ ਅਤੇ ਜਲ ਸ਼ਕਤੀ ਮਿਸ਼ਨ ਸਕੀਮਾਂ ਸਬੰਧੀ ਰੀਵਿਊ ਮੀਟਿੰਗ ਵਿਧਾਇਕ ਫਰੀਦਕੋਟ ਗੁਰਦਿੱਤ ਸਿੰਘ ਸੇਖੋਂ ਅਤੇ ਡਿਪਟੀ ਕਮਿਸ਼ਨਰ ਮੈਡਮ ਪੂਨਮਦੀਪ ਕੌਰ ਦੀ ਅਗਵਾਈ ਹੇਠ ਹੋਈ। ਜਲ ਸੰਗ੍ਰਹਿ ਅਤੇ ਪੀਣ ਵਾਲੇ ਪਾਣੀ ਦੀ ਗੁਣਵੱਤਾ ਦੀ ਜਾਂਚ ਕਰਨ ਬਾਰੇ ਵਿਚਾਰ ਕੀਤਾ ਗਿਆ। ਫਰੀਦਕੋਟ 18 ਜੂਨ (ਜਸਵੀਰ ਥਾਂਦਾ) ਜਲ ਜੀਵਨ ਮਿਸ਼ਨ ਅਤੇ ਜਲ ਸ਼ਕਤੀ ਮਿਸ਼ਨ ਸਕੀਮਾਂ ਸਬੰਧੀ ਰੀਵਿਊ ਮੀਟਿੰਗ ਵਿਧਾਇਕ ਫਰੀਦਕੋਟ ਗੁਰਦਿੱਤ ਸਿੰਘ ਸੇਖੋਂ ਅਤੇ ਡਿਪਟੀ ਕਮਿਸ਼ਨਰ ਮੈਡਮ ਪੂਨਮਦੀਪ ਕੌਰ ਦੀ ਅਗਵਾਈ ਹੇਠ ਹੋਈ। ਜਲ ਸੰਗ੍ਰਹਿ ਅਤੇ ਪੀਣ ਵਾਲੇ ਪਾਣੀ ਦੀ ਗੁਣਵੱਤਾ ਦੀ ਜਾਂਚ ਕਰਨ ਬਾਰੇ ਵਿਚਾਰ ਕੀਤਾ ਗਿਆ। ਫਰੀਦਕੋਟ 18 ਜੂਨ
ਸ਼ੇਰਗੜ੍ਹ ਬੇਟ ਵਿਖੇ ਬਾਬਾ ਸੰਤੋਖ ਸਿੰਘ ਦੀ ਯਾਦ 'ਚ ਮੇਲਾ ਤੇ ਭੰਡਾਰਾ ਕਰਵਾਇਆ
ਗਾਇਕ ਧੰਮਾ ਧੂਮੀਵਾਲ, ਬਿੱਟੂ ਖੰਨੇਵਾਲਾ ਅਤੇ ਕਾਂਗਰੀਸਾਥ ਨੇ ਰੌਣਕਾਂ ਲਗਾਈਆਂ
ਮਾਛੀਵਾੜਾ, 18 ਜੂਨ (ਗੁਰਦੀਪ ਸਿੰਘ) ਪਿੰਡ ਸ਼ੇਰਗੜ੍ਹ ਬੇਟ ਵਿਖੇ ਬਾਬਾ ਸੰਤੋਖ ਸਿੰਘ ਜੀ ਦੀ ਯਾਦ ਵਿੱਚ ਸਾਲਾਨਾ ਮੇਲਾ ਅਤੇ ਭੰਡਾਰਾ ਕਰਵਾਇਆ ਗਿਆ ਜਿਸ ਵਿੱਚ ਪ੍ਰਸਿੱਧ ਗਾਇਕਾਂ ਨੇ ਹਾਜ਼ਰੀ ਲਗਵਾਈ ਅਤੇ ਸੰਗਤਾਂ ਨੇ ਆਨੰਦ ਮਾਣਿਆ। ਮਾਛੀਵਾੜਾ, 18 ਜੂਨ (ਗੁਰਦੀਪ ਸਿੰਘ) ਪਿੰਡ ਸ਼ੇਰਗੜ੍ਹ ਬੇਟ ਵਿਖੇ ਬਾਬਾ ਸੰਤੋਖ ਸਿੰਘ ਜੀ ਦੀ ਯਾਦ ਵਿੱਚ ਸਾਲਾਨਾ ਮੇਲਾ ਅਤੇ ਭੰਡਾਰਾ ਕਰਵਾਇਆ ਗਿਆ ਜਿਸ ਵਿੱਚ ਪ੍ਰਸਿੱਧ ਗਾਇਕਾਂ ਨੇ ਹਾਜ਼ਰੀ ਲਗਵਾਈ ਅਤੇ ਸੰਗਤਾਂ ਨੇ ਆਨੰਦ ਮਾਣਿਆ। ਮਾਛੀਵਾੜਾ, 18 ਜੂਨ (ਗੁਰਦੀਪ ਸਿੰਘ) ਪਿੰਡ ਸ਼ੇਰਗੜ੍ਹ ਬੇਟ ਵਿਖੇ ਬਾਬਾ ਸੰਤੋਖ ਸਿੰਘ ਜੀ ਦੀ ਯਾਦ ਵਿੱਚ ਸਾਲਾਨਾ ਮੇਲਾ ਅਤੇ ਭੰਡਾਰਾ ਕਰਵਾਇਆ ਗਿਆ ਜਿਸ ਵਿੱਚ ਪ੍ਰਸਿੱਧ ਗਾਇਕਾਂ ਨੇ ਹਾਜ਼ਰੀ ਲਗਵਾਈ ਅਤੇ ਸੰਗਤਾਂ ਨੇ ਆਨੰਦ ਮਾਣਿਆ। ਮਾਛੀਵਾੜਾ, 18 ਜੂਨ (ਗੁਰਦੀਪ ਸਿੰਘ) ਪਿੰਡ ਸ਼ੇਰਗੜ੍ਹ ਬੇਟ ਵਿਖੇ ਬਾਬਾ ਸੰਤੋਖ ਸਿੰਘ ਜੀ ਦੀ ਯਾਦ ਵਿੱਚ ਸਾਲਾਨਾ ਮੇਲਾ ਅਤੇ ਭੰਡਾਰਾ ਕਰਵਾਇਆ ਗਿਆ ਜਿਸ ਵਿੱਚ ਪ੍ਰਸਿੱਧ ਗਾਇਕਾਂ ਨੇ ਹਾਜ਼ਰੀ ਲਗਵਾਈ ਅਤੇ ਸੰਗਤਾਂ ਨੇ ਆਨੰਦ ਮਾਣਿਆ। ਮਾਛੀਵਾੜਾ, 18 ਜੂਨ (ਗੁਰਦੀਪ ਸਿੰਘ) ਪਿੰਡ ਸ਼ੇਰਗੜ੍ਹ ਬੇਟ ਵਿਖੇ ਬਾਬਾ ਸੰਤੋਖ ਸਿੰਘ ਜੀ ਦੀ ਯਾਦ ਵਿੱਚ ਸਾਲਾਨਾ ਮੇਲਾ ਅਤੇ ਭੰਡਾਰਾ ਕਰਵਾਇਆ ਗਿਆ ਜਿਸ ਵਿੱਚ ਪ੍ਰਸਿੱਧ ਗਾਇਕਾਂ ਨੇ ਹਾਜ਼ਰੀ ਲਗਵਾਈ ਅਤੇ ਸੰਗਤਾਂ ਨੇ ਆਨੰਦ ਮਾਣਿਆ। ਮਾਛੀਵਾੜਾ, 18 ਜੂਨ (ਗੁਰਦੀਪ ਸਿੰਘ) ਪਿੰਡ ਸ਼ੇਰਗੜ੍ਹ ਬੇਟ ਵਿਖੇ ਬਾਬਾ ਸੰਤੋਖ ਸਿੰਘ ਜੀ ਦੀ ਯਾਦ ਵਿੱਚ ਸਾਲਾਨਾ ਮੇਲਾ ਅਤੇ ਭੰਡਾਰਾ ਕਰਵਾਇਆ ਗਿਆ ਜਿਸ ਵਿੱਚ ਪ੍ਰਸਿੱਧ ਗਾਇਕਾਂ ਨੇ ਹਾਜ਼ਰੀ ਲਗਵਾਈ ਅਤੇ ਸੰਗਤਾਂ ਨੇ ਆਨੰਦ ਮਾਣਿਆ। ਮਾਛੀਵਾੜਾ, 18 ਜੂਨ (ਗੁਰਦੀਪ ਸਿੰਘ) ਪਿੰਡ ਸ਼ੇਰਗੜ੍ਹ ਬੇਟ ਵਿਖੇ ਬਾਬਾ ਸੰਤੋਖ ਸਿੰਘ ਜੀ ਦੀ ਯਾਦ ਵਿੱਚ ਸਾਲਾਨਾ ਮੇਲਾ ਅਤੇ ਭੰਡਾਰਾ ਕਰਵਾਇਆ ਗਿਆ ਜਿਸ ਵਿੱਚ ਪ੍ਰਸਿੱਧ ਗਾਇਕਾਂ ਨੇ ਹਾਜ਼ਰੀ ਲਗਵਾਈ ਅਤੇ ਸੰਗਤਾਂ ਨੇ ਆਨੰਦ ਮਾਣਿਆ। ਮਾਛੀਵਾੜਾ, 18 ਜੂਨ (ਗੁਰਦੀਪ ਸਿੰਘ) ਪਿੰਡ ਸ਼ੇਰਗੜ੍ਹ ਬੇਟ ਵਿਖੇ ਬਾਬਾ ਸੰਤੋਖ ਸਿੰਘ ਜੀ ਦੀ ਯਾਦ ਵਿੱਚ ਸਾਲਾਨਾ ਮੇਲਾ ਅਤੇ ਭੰਡਾਰਾ ਕਰਵਾਇਆ ਗਿਆ ਜਿਸ ਵਿੱਚ ਪ੍ਰਸਿੱਧ ਗਾਇਕਾਂ ਨੇ ਹਾਜ਼ਰੀ ਲਗਵਾਈ ਅਤੇ ਸੰਗਤਾਂ ਨੇ ਆਨੰਦ ਮਾਣਿਆ। ਮਾਛੀਵਾੜਾ, 18 ਜੂਨ (ਗੁਰਦੀਪ ਸਿੰਘ) ਪਿੰਡ ਸ਼ੇਰਗੜ੍ਹ ਬੇਟ ਵਿਖੇ ਬਾਬਾ ਸੰਤੋਖ ਸਿੰਘ ਜੀ ਦੀ ਯਾਦ ਵਿੱਚ ਸਾਲਾਨਾ ਮੇਲਾ ਅਤੇ ਭੰਡਾਰਾ ਕਰਵਾਇਆ
ਜ਼ਿਲ੍ਹਾ ਸ੍ਰੀ ਮੁਕਤਸਰ ਸਾਹਿਬ ਪੁਲਿਸ ਵੱਲੋਂ ਪਬਲਿਕ
ਦੇ ਗੁੰਮ ਹੋਏ 112 ਮੋਬਾਇਲ ਫੋਨ ਕੀਤੇ ਟਰੇਸ
ਜ਼ਿਲ੍ਹਾ ਪੁਲਿਸ ਮੁੱਖੀ ਵੱਲੋਂ ਮੋਬਾਇਲ ਮਾਲਕਾਂ ਨੂੰ ਸੌਂਪੇ ਗਏ ਟਰੇਸ ਕੀਤੇ ਮੋਬਾਇਲ ਫੋਨ
1.1.2023 ਤੋਂ ਹੁਣ ਤੱਕ 1060 ਮੋਬਾਇਲ ਫੋਨ ਟਰੇਸ ਕਰਕੇ ਲੋਕਾਂ ਨੂੰ ਦਿੱਤੇ ਜਾ ਚੁੱਕੇ ਹਨ
ਸ੍ਰੀ ਮੁਕਤਸਰ ਸਾਹਿਬ, 18 ਜੂਨ (ਜਸਵਿੰਦਰ ਸਿੰਘ) ਜ਼ਿਲ੍ਹਾ ਪੁਲਿਸ ਮੁਖੀ ਵੱਲੋਂ ਪਬਲਿਕ ਦੇ ਗੁੰਮ ਹੋਏ 112 ਮੋਬਾਇਲ ਫੋਨ ਟਰੇਸ ਕਰਕੇ ਮਾਲਕਾਂ ਨੂੰ ਸੌਂਪੇ ਗਏ। ਉਨ੍ਹਾਂ ਦੱਸਿਆ ਕਿ 01/01/2023 ਤੋਂ ਹੁਣ ਤੱਕ ਤਕਰੀਬਨ 1060 ਦੇ ਕਰੀਬ ਮੋਬਾਇਲ ਫੋਨ ਟਰੇਸ ਕਰਕੇ ਲੋਕਾਂ ਨੂੰ ਦਿੱਤੇ ਗਏ ਹਨ। ਸਾਂਝ ਕੇਂਦਰ ਵਿੱਚ ਦਰਜ ਸ਼ਿਕਾਇਤਾਂ ਦੇ ਆਧਾਰ 'ਤੇ ਕਾਰਵਾਈ ਕੀਤੀ ਜਾਂਦੀ ਹੈ। ਸ੍ਰੀ ਮੁਕਤਸਰ ਸਾਹਿਬ, 18 ਜੂਨ (ਜਸਵਿੰਦਰ ਸਿੰਘ) ਜ਼ਿਲ੍ਹਾ ਪੁਲਿਸ ਮੁਖੀ ਵੱਲੋਂ ਪਬਲਿਕ ਦੇ ਗੁੰਮ ਹੋਏ 112 ਮੋਬਾਇਲ ਫੋਨ ਟਰੇਸ ਕਰਕੇ ਮਾਲਕਾਂ ਨੂੰ ਸੌਂਪੇ ਗਏ। ਉਨ੍ਹਾਂ ਦੱਸਿਆ ਕਿ 01/01/2023 ਤੋਂ ਹੁਣ ਤੱਕ ਤਕਰੀਬਨ 1060 ਦੇ ਕਰੀਬ ਮੋਬਾਇਲ ਫੋਨ ਟਰੇਸ ਕਰਕੇ ਲੋਕਾਂ ਨੂੰ ਦਿੱਤੇ ਗਏ ਹਨ। ਸਾਂਝ ਕੇਂਦਰ ਵਿੱਚ ਦਰਜ ਸ਼ਿਕਾਇਤਾਂ ਦੇ ਆਧਾਰ 'ਤੇ ਕਾਰਵਾਈ ਕੀਤੀ ਜਾਂਦੀ ਹੈ। ਸ੍ਰੀ ਮੁਕਤਸਰ ਸਾਹਿਬ, 18 ਜੂਨ (ਜਸਵਿੰਦਰ ਸਿੰਘ) ਜ਼ਿਲ੍ਹਾ ਪੁਲਿਸ ਮੁਖੀ ਵੱਲੋਂ ਪਬਲਿਕ ਦੇ ਗੁੰਮ ਹੋਏ 112 ਮੋਬਾਇਲ ਫੋਨ ਟਰੇਸ ਕਰਕੇ ਮਾਲਕਾਂ ਨੂੰ ਸੌਂਪੇ ਗਏ। ਉਨ੍ਹਾਂ ਦੱਸਿਆ ਕਿ 01/01/2023 ਤੋਂ
ਸ੍ਰੀ ਮੁਕਤਸਰ ਸਾਹਿਬ, 18 ਜੂਨ (ਜਸਵਿੰਦਰ ਸਿੰਘ) ਜ਼ਿਲ੍ਹਾ ਪੁਲਿਸ ਮੁਖੀ ਵੱਲੋਂ ਪਬਲਿਕ ਦੇ ਗੁੰਮ ਹੋਏ 112 ਮੋਬਾਇਲ ਫੋਨ ਟਰੇਸ ਕਰਕੇ ਮਾਲਕਾਂ ਨੂੰ ਸੌਂਪੇ ਗਏ। ਉਨ੍ਹਾਂ ਦੱਸਿਆ ਕਿ 01/01/2023 ਤੋਂ ਹੁਣ ਤੱਕ ਤਕਰੀਬਨ 1060 ਦੇ ਕਰੀਬ ਮੋਬਾਇਲ ਫੋਨ ਟਰੇਸ ਕਰਕੇ ਲੋਕਾਂ ਨੂੰ ਦਿੱਤੇ ਗਏ ਹਨ। ਸਾਂਝ ਕੇਂਦਰ ਵਿੱਚ ਦਰਜ ਸ਼ਿਕਾਇਤਾਂ ਦੇ ਆਧਾਰ 'ਤੇ ਕਾਰਵਾਈ ਕੀਤੀ ਜਾਂਦੀ ਹੈ। ਸ੍ਰੀ ਮੁਕਤਸਰ ਸਾਹਿਬ, 18 ਜੂਨ (ਜਸਵਿੰਦਰ ਸਿੰਘ) ਜ਼ਿਲ੍ਹਾ ਪੁਲਿਸ ਮੁਖੀ ਵੱਲੋਂ ਪਬਲਿਕ ਦੇ ਗੁੰਮ ਹੋਏ 112 ਮੋਬਾਇਲ ਫੋਨ ਟਰੇਸ ਕਰਕੇ ਮਾਲਕਾਂ ਨੂੰ ਸੌਂਪੇ ਗਏ। ਉਨ੍ਹਾਂ
ਸ੍ਰੀ ਮੁਕਤਸਰ ਸਾਹਿਬ, 18 ਜੂਨ (ਜਸਵਿੰਦਰ ਸਿੰਘ) ਜ਼ਿਲ੍ਹਾ ਪੁਲਿਸ ਮੁਖੀ ਵੱਲੋਂ ਪਬਲਿਕ ਦੇ ਗੁੰਮ ਹੋਏ 112 ਮੋਬਾਇਲ ਫੋਨ ਟਰੇਸ ਕਰਕੇ ਮਾਲਕਾਂ ਨੂੰ ਸੌਂਪੇ ਗਏ। ਉਨ੍ਹਾਂ ਦੱਸਿਆ ਕਿ 01/01/2023 ਤੋਂ ਹੁਣ ਤੱਕ ਤਕਰੀਬਨ 1060 ਦੇ ਕਰੀਬ ਮੋਬਾਇਲ ਫੋਨ ਟਰੇਸ ਕਰਕੇ ਲੋਕਾਂ ਨੂੰ ਦਿੱਤੇ ਗਏ ਹਨ। ਸਾਂਝ ਕੇਂਦਰ ਵਿੱਚ ਦਰਜ ਸ਼ਿਕਾਇਤਾਂ ਦੇ ਆਧਾਰ 'ਤੇ ਕਾਰਵਾਈ ਕੀਤੀ ਜਾਂਦੀ ਹੈ। ਸ੍ਰੀ ਮੁਕਤਸਰ ਸਾਹਿਬ, 18 ਜੂਨ
ਸ੍ਰੀ ਮੁਕਤਸਰ ਸਾਹਿਬ, 18 ਜੂਨ (ਜਸਵਿੰਦਰ ਸਿੰਘ) ਜ਼ਿਲ੍ਹਾ ਪੁਲਿਸ ਮੁਖੀ ਵੱਲੋਂ ਪਬਲਿਕ ਦੇ ਗੁੰਮ ਹੋਏ 112 ਮੋਬਾਇਲ ਫੋਨ ਟਰੇਸ ਕਰਕੇ ਮਾਲਕਾਂ ਨੂੰ ਸੌਂਪੇ ਗਏ। ਉਨ੍ਹਾਂ ਦੱਸਿਆ ਕਿ 01/01/2023 ਤੋਂ ਹੁਣ ਤੱਕ ਤਕਰੀਬਨ 1060 ਦੇ ਕਰੀਬ ਮੋਬਾਇਲ ਫੋਨ ਟਰੇਸ ਕਰਕੇ ਲੋਕਾਂ ਨੂੰ ਦਿੱਤੇ ਗਏ ਹਨ। ਸਾਂਝ ਕੇਂਦਰ ਵਿੱਚ ਦਰਜ ਸ਼ਿਕਾਇਤਾਂ ਦੇ ਆਧਾਰ 'ਤੇ ਕਾਰਵਾਈ ਕੀਤੀ ਜਾਂਦੀ ਹੈ। ਸ੍ਰੀ ਮੁਕਤਸਰ ਸਾਹਿਬ, 18 ਜੂਨ (ਜਸਵਿੰਦਰ ਸਿੰਘ) ਜ਼ਿਲ੍ਹਾ ਪੁਲਿਸ ਮੁਖੀ ਵੱਲੋਂ ਪਬਲਿਕ ਦੇ ਗੁੰਮ ਹੋਏ 112 ਮੋਬਾਇਲ ਫੋਨ ਟਰੇਸ ਕਰਕੇ ਮਾਲਕਾਂ ਨੂੰ ਸੌਂਪੇ ਗਏ। ਉਨ੍ਹਾਂ ਦੱਸਿਆ ਕਿ 01/01/2023 ਤੋਂ ਹੁਣ ਤੱਕ ਤਕਰੀਬਨ 1060 ਦੇ ਕਰੀਬ ਮੋਬਾਇਲ ਫੋਨ ਟਰੇਸ ਕਰਕੇ ਲੋਕਾਂ ਨੂੰ ਦਿੱਤੇ ਗਏ ਹਨ। ਸਾਂਝ ਕੇਂਦਰ ਵਿੱਚ ਦਰਜ ਸ਼ਿਕਾਇਤਾਂ ਦੇ ਆਧਾਰ 'ਤੇ ਕਾਰਵਾਈ ਕੀਤੀ ਜਾਂਦੀ ਹੈ। ਸ੍ਰੀ ਮੁਕਤਸਰ ਸਾਹਿਬ, 18 ਜੂਨ (ਜਸਵਿੰਦਰ ਸਿੰਘ) ਜ਼ਿਲ੍ਹਾ ਪੁਲਿਸ ਮੁਖੀ ਵੱਲੋਂ ਪਬਲਿਕ ਦੇ ਗੁੰਮ ਹੋਏ 112 ਮੋਬਾਇਲ ਫੋਨ ਟਰੇਸ ਕਰਕੇ ਮਾਲਕਾਂ ਨੂੰ ਸੌਂਪੇ ਗਏ। ਉਨ੍ਹਾਂ ਦੱਸਿਆ ਕਿ 01/01/2023 ਤੋਂ ਹੁਣ ਤੱਕ ਤਕਰੀਬਨ 1060 ਦੇ ਕਰੀਬ ਮੋਬਾਇਲ ਫੋਨ ਟਰੇਸ ਕਰਕੇ ਲੋਕਾਂ ਨੂੰ ਦਿੱਤੇ ਗਏ ਹਨ। ਸਾਂਝ ਕੇਂਦਰ ਵਿੱਚ ਦਰਜ ਸ਼ਿਕਾਇਤਾਂ ਦੇ ਆਧਾਰ 'ਤੇ ਕਾਰਵਾਈ ਕੀਤੀ ਜਾਂਦੀ ਹੈ। ਸ੍ਰੀ ਮੁਕਤਸਰ ਸਾਹਿਬ, 18 ਜੂਨ (ਜਸਵਿੰਦਰ ਸਿੰਘ) ਜ਼ਿਲ੍ਹਾ ਪੁਲਿਸ ਮੁਖੀ ਵੱਲੋਂ ਪਬਲਿਕ ਦੇ ਗੁੰਮ ਹੋਏ 112 ਮੋਬਾਇਲ ਫੋਨ ਟਰੇਸ ਕਰਕੇ ਮਾਲਕਾਂ ਨੂੰ ਸੌਂਪੇ ਗਏ। ਉਨ੍ਹਾਂ ਦੱਸਿਆ ਕਿ 01/01/2023 ਤੋਂ ਹੁਣ ਤੱਕ ਤਕਰੀਬਨ 1060 ਦੇ ਕਰੀਬ ਮੋਬਾਇਲ ਫੋਨ ਟਰੇਸ ਕਰਕੇ ਲੋਕਾਂ ਨੂੰ ਦਿੱਤੇ ਗਏ ਹਨ। ਸਾਂਝ ਕੇਂਦਰ ਵਿੱਚ ਦਰਜ ਸ਼ਿਕਾਇਤਾਂ ਦੇ ਆਧਾਰ 'ਤੇ ਕਾਰਵਾਈ
ਬਾਲ ਮਜ਼ਦੂਰੀ ਅਤੇ ਬਾਲ ਭਿੱਖਿਆ ਰੋਕੂ ਸੰਬੰਧੀ ਜ਼ਿਲ੍ਹਾ ਟਾਸਕ ਫੋਰਸ ਵੱਲੋਂ ਕੀਤੀ ਗਈ ਚੈਕਿੰਗ
ਫਾਜ਼ਿਲਕਾ, 18 ਜੂਨ (ਰਵਿੰਦਰ ਸਿੰਘ) ਡਿਪਟੀ ਕਮਿਸ਼ਨਰ ਦੇ ਦਿਸ਼ਾ ਨਿਰਦੇਸ਼ਾਂ ਹੇਠ ਜ਼ਿਲ੍ਹਾ ਬਾਲ ਸੁਰੱਖਿਆ ਦਫ਼ਤਰ ਵੱਲੋਂ ਜ਼ਿਲ੍ਹਾ ਟਾਸਕ ਫੋਰਸ ਦੀ ਟੀਮ ਨਾਲ ਬਾਲ ਮਜ਼ਦੂਰੀ ਅਤੇ ਬਾਲ ਭਿੱਖਿਆ ਰੋਕਣ ਲਈ ਵੱਖ-ਵੱਖ ਥਾਵਾਂ 'ਤੇ ਚੈਕਿੰਗ ਕੀਤੀ ਗਈ। ਟੀਮ ਵੱਲੋਂ 1132 ਅਤੇ 1098 ਹੈਲਪਲਾਈਨ ਨੰਬਰਾਂ ਬਾਰੇ ਜਾਗਰੂਕ ਕੀਤਾ ਗਿਆ। ਫਾਜ਼ਿਲਕਾ, 18 ਜੂਨ (ਰਵਿੰਦਰ ਸਿੰਘ) ਡਿਪਟੀ ਕਮਿਸ਼ਨਰ ਦੇ ਦਿਸ਼ਾ ਨਿਰਦੇਸ਼ਾਂ ਹੇਠ ਜ਼ਿਲ੍ਹਾ ਬਾਲ ਸੁਰੱਖਿਆ ਦਫ਼ਤਰ ਵੱਲੋਂ ਜ਼ਿਲ੍ਹਾ ਟਾਸਕ ਫੋਰਸ ਦੀ ਟੀਮ ਨਾਲ ਬਾਲ ਮਜ਼ਦੂਰੀ ਅਤੇ ਬਾਲ ਭਿੱਖਿਆ ਰੋਕਣ ਲਈ ਵੱਖ-ਵੱਖ ਥਾਵਾਂ 'ਤੇ ਚੈਕਿੰਗ ਕੀਤੀ ਗਈ। ਟੀਮ ਵੱਲੋਂ 1132 ਅਤੇ 1098 ਹੈਲਪਲਾਈਨ ਨੰਬਰਾਂ ਬਾਰੇ ਜਾਗਰੂਕ ਕੀਤਾ ਗਿਆ। ਫਾਜ਼ਿਲਕਾ, 18 ਜੂਨ (ਰਵਿੰਦਰ ਸਿੰਘ) ਡਿਪਟੀ ਕਮਿਸ਼ਨਰ ਦੇ ਦਿਸ਼ਾ ਨਿਰਦੇਸ਼ਾਂ ਹੇਠ ਜ਼ਿਲ੍ਹਾ ਬਾਲ ਸੁਰੱਖਿਆ ਦਫ਼ਤਰ ਵੱਲੋਂ ਜ਼ਿਲ੍ਹਾ ਟਾਸਕ ਫੋਰਸ ਦੀ ਟੀਮ ਨਾਲ ਬਾਲ ਮਜ਼ਦੂਰੀ ਅਤੇ ਬਾਲ ਭਿੱਖਿਆ ਰੋਕਣ ਲਈ ਵੱਖ-ਵੱਖ ਥਾਵਾਂ 'ਤੇ ਚੈਕਿੰਗ ਕੀਤੀ ਗਈ। ਟੀਮ ਵੱਲੋਂ 1132 ਅਤੇ 1098 ਹੈਲਪਲਾਈਨ ਨੰਬਰਾਂ ਬਾਰੇ ਜਾਗਰੂਕ ਕੀਤਾ ਗਿਆ। ਫਾਜ਼ਿਲਕਾ, 18 ਜੂਨ (ਰਵਿੰਦਰ ਸਿੰਘ) ਡਿਪਟੀ ਕਮਿਸ਼ਨਰ ਦੇ ਦਿਸ਼ਾ ਨਿਰਦੇਸ਼ਾਂ ਹੇਠ ਜ਼ਿਲ੍ਹਾ ਬਾਲ ਸੁਰੱਖਿਆ ਦਫ਼ਤਰ ਵੱਲੋਂ ਜ਼ਿਲ੍ਹਾ ਟਾਸਕ ਫੋਰਸ ਦੀ ਟੀਮ ਨਾਲ ਬਾਲ ਮਜ਼ਦੂਰੀ ਅਤੇ ਬਾਲ ਭਿੱਖਿਆ ਰੋਕਣ ਲਈ ਵੱਖ-ਵੱਖ ਥਾਵਾਂ 'ਤੇ ਚੈਕਿੰਗ ਕੀਤੀ ਗਈ। ਟੀਮ ਵੱਲੋਂ 1132 ਅਤੇ 1098 ਹੈਲਪਲਾਈਨ ਨੰਬਰਾਂ ਬਾਰੇ ਜਾਗਰੂਕ ਕੀਤਾ ਗਿਆ। ਫਾਜ਼ਿਲਕਾ, 18 ਜੂਨ (ਰਵਿੰਦਰ ਸਿੰਘ) ਡਿਪਟੀ ਕਮਿਸ਼ਨਰ ਦੇ ਦਿਸ਼ਾ ਨਿਰਦੇਸ਼ਾਂ ਹੇਠ ਜ਼ਿਲ੍ਹਾ ਬਾਲ ਸੁਰੱਖਿਆ ਦਫ਼ਤਰ ਵੱਲੋਂ ਜ਼ਿਲ੍ਹਾ ਟਾਸਕ ਫੋਰਸ ਦੀ ਟੀਮ ਨਾਲ ਬਾਲ ਮਜ਼ਦੂਰੀ ਅਤੇ ਬਾਲ ਭਿੱਖਿਆ ਰੋਕਣ ਲਈ ਵੱਖ-ਵੱਖ ਥਾਵਾਂ 'ਤੇ ਚੈਕਿੰਗ ਕੀਤੀ ਗਈ। ਟੀਮ ਵੱਲੋਂ 1132 ਅਤੇ 1098 ਹੈਲਪਲਾਈਨ ਨੰਬਰਾਂ ਬਾਰੇ ਜਾਗਰੂਕ ਕੀਤਾ ਗਿਆ। ਫਾਜ਼ਿਲਕਾ, 18 ਜੂਨ (ਰਵਿੰਦਰ ਸਿੰਘ) ਡਿਪਟੀ ਕਮਿਸ਼ਨਰ ਦੇ ਦਿਸ਼ਾ ਨਿਰਦੇਸ਼ਾਂ ਹੇਠ ਜ਼ਿਲ੍ਹਾ ਬਾਲ ਸੁਰੱਖਿਆ ਦਫ਼ਤਰ ਵੱਲੋਂ ਜ਼ਿਲ੍ਹਾ ਟਾਸਕ ਫੋਰਸ ਦੀ ਟੀਮ ਨਾਲ ਬਾਲ ਮਜ਼ਦੂਰੀ ਅਤੇ ਬਾਲ ਭਿੱਖਿਆ ਰੋਕਣ ਲਈ ਵੱਖ-ਵੱਖ ਥਾਵਾਂ 'ਤੇ ਚੈਕਿੰਗ ਕੀਤੀ ਗਈ। ਟੀਮ ਵੱਲੋਂ 1132 ਅਤੇ 1098 ਹੈਲਪਲਾਈਨ ਨੰਬਰਾਂ ਬਾਰੇ ਜਾਗਰੂਕ ਕੀਤਾ ਗਿਆ। ਫਾਜ਼ਿਲਕਾ, 18 ਜੂਨ (ਰਵਿੰਦਰ ਸਿੰਘ) ਡਿਪਟੀ ਕਮਿਸ਼ਨਰ ਦੇ ਦਿਸ਼ਾ ਨਿਰਦੇਸ਼ਾਂ ਹੇਠ ਜ਼ਿਲ੍ਹਾ ਬਾਲ ਸੁਰੱਖਿਆ ਦਫ਼ਤਰ ਵੱਲੋਂ ਜ਼ਿਲ੍ਹਾ ਟਾਸਕ ਫੋਰਸ ਦੀ ਟੀਮ ਨਾਲ ਬਾਲ ਮਜ਼ਦੂਰੀ ਅਤੇ ਬਾਲ ਭਿੱਖਿਆ ਰੋਕਣ ਲਈ ਵੱਖ-ਵੱਖ ਥਾਵਾਂ 'ਤੇ ਚੈਕਿੰਗ ਕੀਤੀ ਗਈ। ਟੀਮ ਵੱਲੋਂ 1132 ਅਤੇ 1098 ਹੈਲਪਲਾਈਨ ਨੰਬਰਾਂ ਬਾਰੇ ਜਾਗਰੂਕ ਕੀਤਾ ਗਿਆ। ਫਾਜ਼ਿਲਕਾ, 18 ਜੂਨ (ਰਵਿੰਦਰ ਸਿੰਘ) ਡਿਪਟੀ ਕਮਿਸ਼ਨਰ ਦੇ ਦਿਸ਼ਾ ਨਿਰਦੇਸ਼ਾਂ ਹੇਠ ਜ਼ਿਲ੍ਹਾ ਬਾਲ ਸੁਰੱਖਿਆ ਦਫ਼ਤਰ ਵੱਲੋਂ ਜ਼ਿਲ੍ਹਾ ਟਾਸਕ ਫੋਰਸ ਦੀ ਟੀਮ ਨਾਲ ਬਾਲ ਮਜ਼ਦੂਰੀ ਅਤੇ ਬਾਲ ਭਿੱਖਿਆ ਰੋਕਣ ਲਈ ਵੱਖ-ਵੱਖ ਥਾਵਾਂ 'ਤੇ ਚੈਕਿੰਗ ਕੀਤੀ ਗਈ। ਟੀਮ ਵੱਲੋਂ 1132 ਅਤੇ 1098 ਹੈਲਪਲਾਈਨ ਨੰਬਰਾਂ ਬਾਰੇ ਜਾਗਰੂਕ ਕੀਤਾ ਗਿਆ। ਫਾਜ਼ਿਲਕਾ, 18 ਜੂਨ (ਰਵਿੰਦਰ ਸਿੰਘ) ਡਿਪਟੀ ਕਮਿਸ਼ਨਰ ਦੇ ਦਿਸ਼ਾ ਨਿਰਦੇਸ਼ਾਂ ਹੇਠ ਜ਼ਿਲ੍ਹਾ ਬਾਲ ਸੁਰੱਖਿਆ ਦਫ਼ਤਰ ਵੱਲੋਂ ਜ਼ਿਲ੍ਹਾ ਟਾਸਕ ਫੋਰਸ ਦੀ ਟੀਮ ਨਾਲ ਬਾਲ ਮਜ਼ਦੂਰੀ ਅਤੇ ਬਾਲ ਭਿੱਖਿਆ ਰੋਕਣ ਲਈ ਵੱਖ-ਵੱਖ ਥਾਵਾਂ 'ਤੇ ਚੈਕਿੰਗ ਕੀਤੀ ਗਈ। ਟੀਮ ਵੱਲੋਂ 1132 ਅਤੇ 1098 ਹੈਲਪਲਾਈਨ ਨੰਬਰਾਂ ਬਾਰੇ ਜਾਗਰੂਕ ਕੀਤਾ ਗਿਆ। ਫਾਜ਼ਿਲਕਾ, 18 ਜੂਨ (ਰਵਿੰਦਰ ਸਿੰਘ) ਡਿਪਟੀ ਕਮਿਸ਼ਨਰ ਦੇ ਦਿਸ਼ਾ ਨਿਰਦੇਸ਼ਾਂ ਹੇਠ ਜ਼ਿਲ੍ਹਾ ਬਾਲ ਸੁਰੱਖਿਆ ਦਫ਼ਤਰ ਵੱਲੋਂ ਜ਼ਿਲ੍ਹਾ ਟਾਸਕ ਫੋਰਸ ਦੀ ਟੀਮ ਨਾਲ ਬਾਲ ਮਜ਼ਦੂਰੀ ਅਤੇ ਬਾਲ ਭਿੱਖਿਆ ਰੋਕਣ ਲਈ ਵੱਖ-ਵੱਖ ਥਾਵਾਂ 'ਤੇ
ਫਾਜ਼ਿਲਕਾ, 18 ਜੂਨ (ਰਵਿੰਦਰ ਸਿੰਘ) ਡਿਪਟੀ ਕਮਿਸ਼ਨਰ ਦੇ ਦਿਸ਼ਾ ਨਿਰਦੇਸ਼ਾਂ ਹੇਠ ਜ਼ਿਲ੍ਹਾ ਬਾਲ ਸੁਰੱਖਿਆ ਦਫ਼ਤਰ ਵੱਲੋਂ ਜ਼ਿਲ੍ਹਾ ਟਾਸਕ ਫੋਰਸ ਦੀ ਟੀਮ ਨਾਲ ਬਾਲ ਮਜ਼ਦੂਰੀ ਅਤੇ ਬਾਲ ਭਿੱਖਿਆ ਰੋਕਣ ਲਈ ਵੱਖ-ਵੱਖ ਥਾਵਾਂ 'ਤੇ ਚੈਕਿੰਗ ਕੀਤੀ ਗਈ। ਟੀਮ ਵੱਲੋਂ 1132 ਅਤੇ 1098 ਹੈਲਪਲਾਈਨ ਨੰਬਰਾਂ ਬਾਰੇ ਜਾਗਰੂਕ ਕੀਤਾ ਗਿਆ। ਫਾਜ਼ਿਲਕਾ, 18 ਜੂਨ (ਰਵਿੰਦਰ ਸਿੰਘ) ਡਿਪਟੀ ਕਮਿਸ਼ਨਰ ਦੇ ਦਿਸ਼ਾ
ਫਾਜ਼ਿਲਕਾ, 18 ਜੂਨ (ਰਵਿੰਦਰ ਸਿੰਘ) ਡਿਪਟੀ ਕਮਿਸ਼ਨਰ ਦੇ ਦਿਸ਼ਾ ਨਿਰਦੇਸ਼ਾਂ ਹੇਠ ਜ਼ਿਲ੍ਹਾ ਬਾਲ ਸੁਰੱਖਿਆ ਦਫ਼ਤਰ ਵੱਲੋਂ ਜ਼ਿਲ੍ਹਾ ਟਾਸਕ ਫੋਰਸ ਦੀ ਟੀਮ ਨਾਲ ਬਾਲ ਮਜ਼ਦੂਰੀ ਅਤੇ ਬਾਲ ਭਿੱਖਿਆ ਰੋਕਣ ਲਈ ਵੱਖ-ਵੱਖ ਥਾਵਾਂ 'ਤੇ ਚੈਕਿੰਗ ਕੀਤੀ ਗਈ। ਟੀਮ ਵੱਲੋਂ 1132 ਅਤੇ 1098 ਹੈਲਪਲਾਈਨ ਨੰਬਰਾਂ ਬਾਰੇ ਜਾਗਰੂਕ ਕੀਤਾ ਗਿਆ। ਫਾਜ਼ਿਲਕਾ, 18 ਜੂਨ (ਰਵਿੰਦਰ ਸਿੰਘ) ਡਿਪਟੀ ਕਮਿਸ਼ਨਰ ਦੇ ਦਿਸ਼ਾ ਨਿਰਦੇਸ਼ਾਂ ਹੇਠ ਜ਼ਿਲ੍ਹਾ ਬਾਲ ਸੁਰੱਖਿਆ ਦਫ਼ਤਰ ਵੱਲੋਂ ਜ਼ਿਲ੍ਹਾ ਟਾਸਕ ਫੋਰਸ ਦੀ ਟੀਮ ਨਾਲ ਬਾਲ ਮਜ਼ਦੂਰੀ ਅਤੇ ਬਾਲ ਭਿੱਖਿਆ ਰੋਕਣ ਲਈ ਵੱਖ-ਵੱਖ ਥਾਵਾਂ 'ਤੇ ਚੈਕਿੰਗ ਕੀਤੀ ਗਈ। ਟੀਮ ਵੱਲੋਂ 1132
ਫਾਜ਼ਿਲਕਾ, 18 ਜੂਨ (ਰਵਿੰਦਰ ਸਿੰਘ) ਡਿਪਟੀ ਕਮਿਸ਼ਨਰ ਦੇ ਦਿਸ਼ਾ ਨਿਰਦੇਸ਼ਾਂ ਹੇਠ ਜ਼ਿਲ੍ਹਾ ਬਾਲ ਸੁਰੱਖਿਆ ਦਫ਼ਤਰ ਵੱਲੋਂ ਜ਼ਿਲ੍ਹਾ ਟਾਸਕ ਫੋਰਸ ਦੀ ਟੀਮ ਨਾਲ ਬਾਲ ਮਜ਼ਦੂਰੀ ਅਤੇ ਬਾਲ ਭਿੱਖਿਆ ਰੋਕਣ ਲਈ ਵੱਖ-ਵੱਖ ਥਾਵਾਂ 'ਤੇ ਚੈਕਿੰਗ ਕੀਤੀ ਗਈ। ਟੀਮ ਵੱਲੋਂ 1132 ਅਤੇ 1098 ਹੈਲਪਲਾਈਨ ਨੰਬਰਾਂ ਬਾਰੇ ਜਾਗਰੂਕ ਕੀਤਾ ਗਿਆ। ਫਾਜ਼ਿਲਕਾ, 18 ਜੂਨ (ਰਵਿੰਦਰ ਸਿੰਘ) ਡਿਪਟੀ ਕਮਿਸ਼ਨਰ ਦੇ ਦਿਸ਼ਾ ਨਿਰਦੇਸ਼ਾਂ ਹੇਠ ਜ਼ਿਲ੍ਹਾ ਬਾਲ ਸੁਰੱਖਿਆ ਦਫ਼ਤਰ ਵੱਲੋਂ ਜ਼ਿਲ੍ਹਾ ਟਾਸਕ ਫੋਰਸ ਦੀ ਟੀਮ ਨਾਲ ਬਾਲ ਮਜ਼ਦੂਰੀ ਅਤੇ ਬਾਲ ਭਿੱਖਿਆ ਰੋਕਣ ਲਈ ਵੱਖ-ਵੱਖ ਥਾਵਾਂ 'ਤੇ ਚੈਕਿੰਗ ਕੀਤੀ ਗਈ। ਟੀਮ ਵੱਲੋਂ 1132 ਅਤੇ 1098 ਹੈਲਪਲਾਈਨ ਨੰਬਰਾਂ ਬਾਰੇ ਜਾਗਰੂਕ ਕੀਤਾ ਗਿਆ। ਫਾਜ਼ਿਲਕਾ, 18 ਜੂਨ (ਰਵਿੰਦਰ ਸਿੰਘ) ਡਿਪਟੀ ਕਮਿਸ਼ਨਰ ਦੇ ਦਿਸ਼ਾ ਨਿਰਦੇਸ਼ਾਂ ਹੇਠ ਜ਼ਿਲ੍ਹਾ ਬਾਲ ਸੁਰੱਖਿਆ ਦਫ਼ਤਰ ਵੱਲੋਂ ਜ਼ਿਲ੍ਹਾ ਟਾਸਕ ਫੋਰਸ ਦੀ ਟੀਮ ਨਾਲ ਬਾਲ ਮਜ਼ਦੂਰੀ ਅਤੇ ਬਾਲ ਭਿੱਖਿਆ ਰੋਕਣ ਲਈ ਵੱਖ-ਵੱਖ ਥਾਵਾਂ 'ਤੇ ਚੈਕਿੰਗ ਕੀਤੀ ਗਈ। ਟੀਮ ਵੱਲੋਂ 1132 ਅਤੇ 1098 ਹੈਲਪਲਾਈਨ ਨੰਬਰਾਂ ਬਾਰੇ ਜਾਗਰੂਕ ਕੀਤਾ ਗਿਆ। ਫਾਜ਼ਿਲਕਾ, 18 ਜੂਨ (ਰਵਿੰਦਰ ਸਿੰਘ) ਡਿਪਟੀ ਕਮਿਸ਼ਨਰ ਦੇ ਦਿਸ਼ਾ ਨਿਰਦੇਸ਼ਾਂ ਹੇਠ ਜ਼ਿਲ੍ਹਾ ਬਾਲ ਸੁਰੱਖਿਆ ਦਫ਼ਤਰ ਵੱਲੋਂ ਜ਼ਿਲ੍ਹਾ ਟਾਸਕ ਫੋਰਸ ਦੀ ਟੀਮ ਨਾਲ ਬਾਲ ਮਜ਼ਦੂਰੀ ਅਤੇ ਬਾਲ ਭਿੱਖਿਆ ਰੋਕਣ ਲਈ ਵੱਖ-ਵੱਖ ਥਾਵਾਂ 'ਤੇ ਚੈਕਿੰਗ ਕੀਤੀ ਗਈ। ਟੀਮ ਵੱਲੋਂ 1132 ਅਤੇ 1098 ਹੈਲਪਲਾਈਨ ਨੰਬਰਾਂ ਬਾਰੇ ਜਾਗਰੂਕ ਕੀਤਾ ਗਿਆ। ਫਾਜ਼ਿਲਕਾ, 18 ਜੂਨ (ਰਵਿੰਦਰ ਸਿੰਘ) ਡਿਪਟੀ ਕਮਿਸ਼ਨਰ ਦੇ ਦਿਸ਼ਾ ਨਿਰਦੇਸ਼ਾਂ ਹੇਠ ਜ਼ਿਲ੍ਹਾ ਬਾਲ ਸੁਰੱਖਿਆ ਦਫ਼ਤਰ ਵੱਲੋਂ ਜ਼ਿਲ੍ਹਾ
ਜ਼ਿਲ੍ਹਾ ਰੁਜ਼ਗਾਰ ਅਤੇ ਕਾਰੋਬਾਰ ਬਿਊਰੋ ਵੱਲੋਂ ਦਿੱਤੀਆਂ ਜਾ ਰਹੀਆਂ ਮੁਫ਼ਤ ਸਹੂਲਤਾਂ ਦਾ ਵੱਧ ਤੋਂ ਵੱਧ ਲਾਭ ਉਠਾਓ : ਰਮਨਦੀਪ ਕੌਰ
ਸ੍ਰੀ ਮੁਕਤਸਰ ਸਾਹਿਬ (ਜਸਵਿੰਦਰ ਸਿੰਘ ਪੰਜਾਬ) ਪੰਜਾਬ ਸਰਕਾਰ ਵੱਲੋਂ ਨੌਜਵਾਨਾਂ ਨੂੰ ਰੁਜ਼ਗਾਰ ਦੇ ਮੌਕੇ ਪ੍ਰਦਾਨ ਕਰਨ ਲਈ ਜ਼ਿਲ੍ਹਾ ਰੁਜ਼ਗਾਰ ਅਤੇ ਕਾਰੋਬਾਰ ਬਿਊਰੋ ਵਿਖੇ ਕਾਊਂਸਲਿੰਗ, ਪਲੇਸਮੈਂਟ ਕੈਂਪ ਅਤੇ ਸਕਿੱਲ ਟ੍ਰੇਨਿੰਗ ਦੀਆਂ ਮੁਫ਼ਤ ਸਹੂਲਤਾਂ ਦਿੱਤੀਆਂ ਜਾ ਰਹੀਆਂ ਹਨ। ਸ੍ਰੀ ਮੁਕਤਸਰ ਸਾਹਿਬ (ਜਸਵਿੰਦਰ ਸਿੰਘ ਪੰਜਾਬ) ਪੰਜਾਬ ਸਰਕਾਰ ਵੱਲੋਂ ਨੌਜਵਾਨਾਂ ਨੂੰ ਰੁਜ਼ਗਾਰ ਦੇ ਮੌਕੇ ਪ੍ਰਦਾਨ ਕਰਨ ਲਈ ਜ਼ਿਲ੍ਹਾ ਰੁਜ਼ਗਾਰ ਅਤੇ ਕਾਰੋਬਾਰ ਬਿਊਰੋ ਵਿਖੇ ਕਾਊਂਸਲਿੰਗ, ਪਲੇਸਮੈਂਟ ਕੈਂਪ ਅਤੇ ਸਕਿੱਲ ਟ੍ਰੇਨਿੰਗ ਦੀਆਂ ਮੁਫ਼ਤ ਸਹੂਲਤਾਂ ਦਿੱਤੀਆਂ ਜਾ ਰਹੀਆਂ ਹਨ। ਸ੍ਰੀ ਮੁਕਤਸਰ ਸਾਹਿਬ (ਜਸਵਿੰਦਰ ਸਿੰਘ ਪੰਜਾਬ) ਪੰਜਾਬ ਸਰਕਾਰ ਵੱਲੋਂ ਨੌਜਵਾਨਾਂ ਨੂੰ ਰੁਜ਼ਗਾਰ ਦੇ ਮੌਕੇ ਪ੍ਰਦਾਨ ਕਰਨ ਲਈ ਜ਼ਿਲ੍ਹਾ ਰੁਜ਼ਗਾਰ ਅਤੇ ਕਾਰੋਬਾਰ ਬਿਊਰੋ ਵਿਖੇ ਕਾਊਂਸਲਿੰਗ, ਪਲੇਸਮੈਂਟ ਕੈਂਪ ਅਤੇ ਸਕਿੱਲ ਟ੍ਰੇਨਿੰਗ ਦੀਆਂ ਮੁਫ਼ਤ ਸਹੂਲਤਾਂ ਦਿੱਤੀਆਂ ਜਾ ਰਹੀਆਂ ਹਨ। ਸ੍ਰੀ ਮੁਕਤਸਰ ਸਾਹਿਬ (ਜਸਵਿੰਦਰ ਸਿੰਘ ਪੰਜਾਬ) ਪੰਜਾਬ ਸਰਕਾਰ ਵੱਲੋਂ ਨੌਜਵਾਨਾਂ ਨੂੰ ਰੁਜ਼ਗਾਰ ਦੇ ਮੌਕੇ ਪ੍ਰਦਾਨ ਕਰਨ ਲਈ ਜ਼ਿਲ੍ਹਾ ਰੁਜ਼ਗਾਰ ਅਤੇ ਕਾਰੋਬਾਰ ਬਿਊਰੋ ਵਿਖੇ ਕਾਊਂਸਲਿੰਗ, ਪਲੇਸਮੈਂਟ ਕੈਂਪ ਅਤੇ ਸਕਿੱਲ ਟ੍ਰੇਨਿੰਗ ਦੀਆਂ ਮੁਫ਼ਤ ਸਹੂਲਤਾਂ ਦਿੱਤੀਆਂ ਜਾ ਰਹੀਆਂ ਹਨ। ਸ੍ਰੀ ਮੁਕਤਸਰ ਸਾਹਿਬ (ਜਸਵਿੰਦਰ ਸਿੰਘ ਪੰਜਾਬ) ਪੰਜਾਬ ਸਰਕਾਰ ਵੱਲੋਂ ਨੌਜਵਾਨਾਂ ਨੂੰ ਰੁਜ਼ਗਾਰ ਦੇ ਮੌਕੇ ਪ੍ਰਦਾਨ ਕਰਨ ਲਈ ਜ਼ਿਲ੍ਹਾ ਰੁਜ਼ਗਾਰ ਅਤੇ ਕਾਰੋਬਾਰ ਬਿਊਰੋ ਵਿਖੇ ਕਾਊਂਸਲਿੰਗ, ਪਲੇਸਮੈਂਟ ਕੈਂਪ ਅਤੇ ਸਕਿੱਲ ਟ੍ਰੇਨਿੰਗ ਦੀਆਂ ਮੁਫ਼ਤ ਸਹੂਲਤਾਂ ਦਿੱਤੀਆਂ ਜਾ ਰਹੀਆਂ ਹਨ। ਸ੍ਰੀ ਮੁਕਤਸਰ ਸਾਹਿਬ (ਜਸਵਿੰਦਰ ਸਿੰਘ ਪੰਜਾਬ) ਪੰਜਾਬ ਸਰਕਾਰ ਵੱਲੋਂ ਨੌਜਵਾਨਾਂ ਨੂੰ ਰੁਜ਼ਗਾਰ ਦੇ ਮੌਕੇ ਪ੍ਰਦਾਨ ਕਰਨ ਲਈ ਜ਼ਿਲ੍ਹਾ ਰੁਜ਼ਗਾਰ ਅਤੇ ਕਾਰੋਬਾਰ ਬਿਊਰੋ ਵਿਖੇ ਕਾਊਂਸਲਿੰਗ, ਪਲੇਸਮੈਂਟ ਕੈਂਪ ਅਤੇ ਸਕਿੱਲ ਟ੍ਰੇਨਿੰਗ ਦੀਆਂ ਮੁਫ਼ਤ ਸਹੂਲਤਾਂ ਦਿੱਤੀਆਂ ਜਾ ਰਹੀਆਂ ਹਨ। ਸ੍ਰੀ ਮੁਕਤਸਰ ਸਾਹਿਬ (ਜਸਵਿੰਦਰ ਸਿੰਘ ਪੰਜਾਬ) ਪੰਜਾਬ ਸਰਕਾਰ ਵੱਲੋਂ ਨੌਜਵਾਨਾਂ ਨੂੰ ਰੁਜ਼ਗਾਰ ਦੇ ਮੌਕੇ ਪ੍ਰਦਾਨ ਕਰਨ ਲਈ ਜ਼ਿਲ੍ਹਾ ਰੁਜ਼ਗਾਰ ਅਤੇ ਕਾਰੋਬਾਰ ਬਿਊਰੋ ਵਿਖੇ ਕਾਊਂਸਲਿੰਗ, ਪਲੇਸਮੈਂਟ ਕੈਂਪ ਅਤੇ ਸਕਿੱਲ ਟ੍ਰੇਨਿੰਗ ਦੀਆਂ ਮੁਫ਼ਤ ਸਹੂਲਤਾਂ ਦਿੱਤੀਆਂ ਜਾ ਰਹੀਆਂ ਹਨ। ਸ੍ਰੀ ਮੁਕਤਸਰ ਸਾਹਿਬ (ਜਸਵਿੰਦਰ ਸਿੰਘ ਪੰਜਾਬ) ਪੰਜਾਬ ਸਰਕਾਰ ਵੱਲੋਂ ਨੌਜਵਾਨਾਂ ਨੂੰ ਰੁਜ਼ਗਾਰ ਦੇ ਮੌਕੇ ਪ੍ਰਦਾਨ ਕਰਨ ਲਈ ਜ਼ਿਲ੍ਹਾ ਰੁਜ਼ਗਾਰ ਅਤੇ ਕਾਰੋਬਾਰ ਬਿਊਰੋ ਵਿਖੇ ਕਾਊਂਸਲਿੰਗ, ਪਲੇਸਮੈਂਟ ਕੈਂਪ ਅਤੇ ਸਕਿੱਲ ਟ੍ਰੇਨਿੰਗ ਦੀਆਂ ਮੁਫ਼ਤ ਸਹੂਲਤਾਂ ਦਿੱਤੀਆਂ ਜਾ ਰਹੀਆਂ ਹਨ। ਸ੍ਰੀ ਮੁਕਤਸਰ ਸਾਹਿਬ (ਜਸਵਿੰਦਰ ਸਿੰਘ ਪੰਜਾਬ) ਪੰਜਾਬ ਸਰਕਾਰ ਵੱਲੋਂ ਨੌਜਵਾਨਾਂ ਨੂੰ ਰੁਜ਼ਗਾਰ ਦੇ ਮੌਕੇ ਪ੍ਰਦਾਨ ਕਰਨ ਲਈ ਜ਼ਿਲ੍ਹਾ ਰੁਜ਼ਗਾਰ ਅਤੇ ਕਾਰੋਬਾਰ ਬਿਊਰੋ ਵਿਖੇ
